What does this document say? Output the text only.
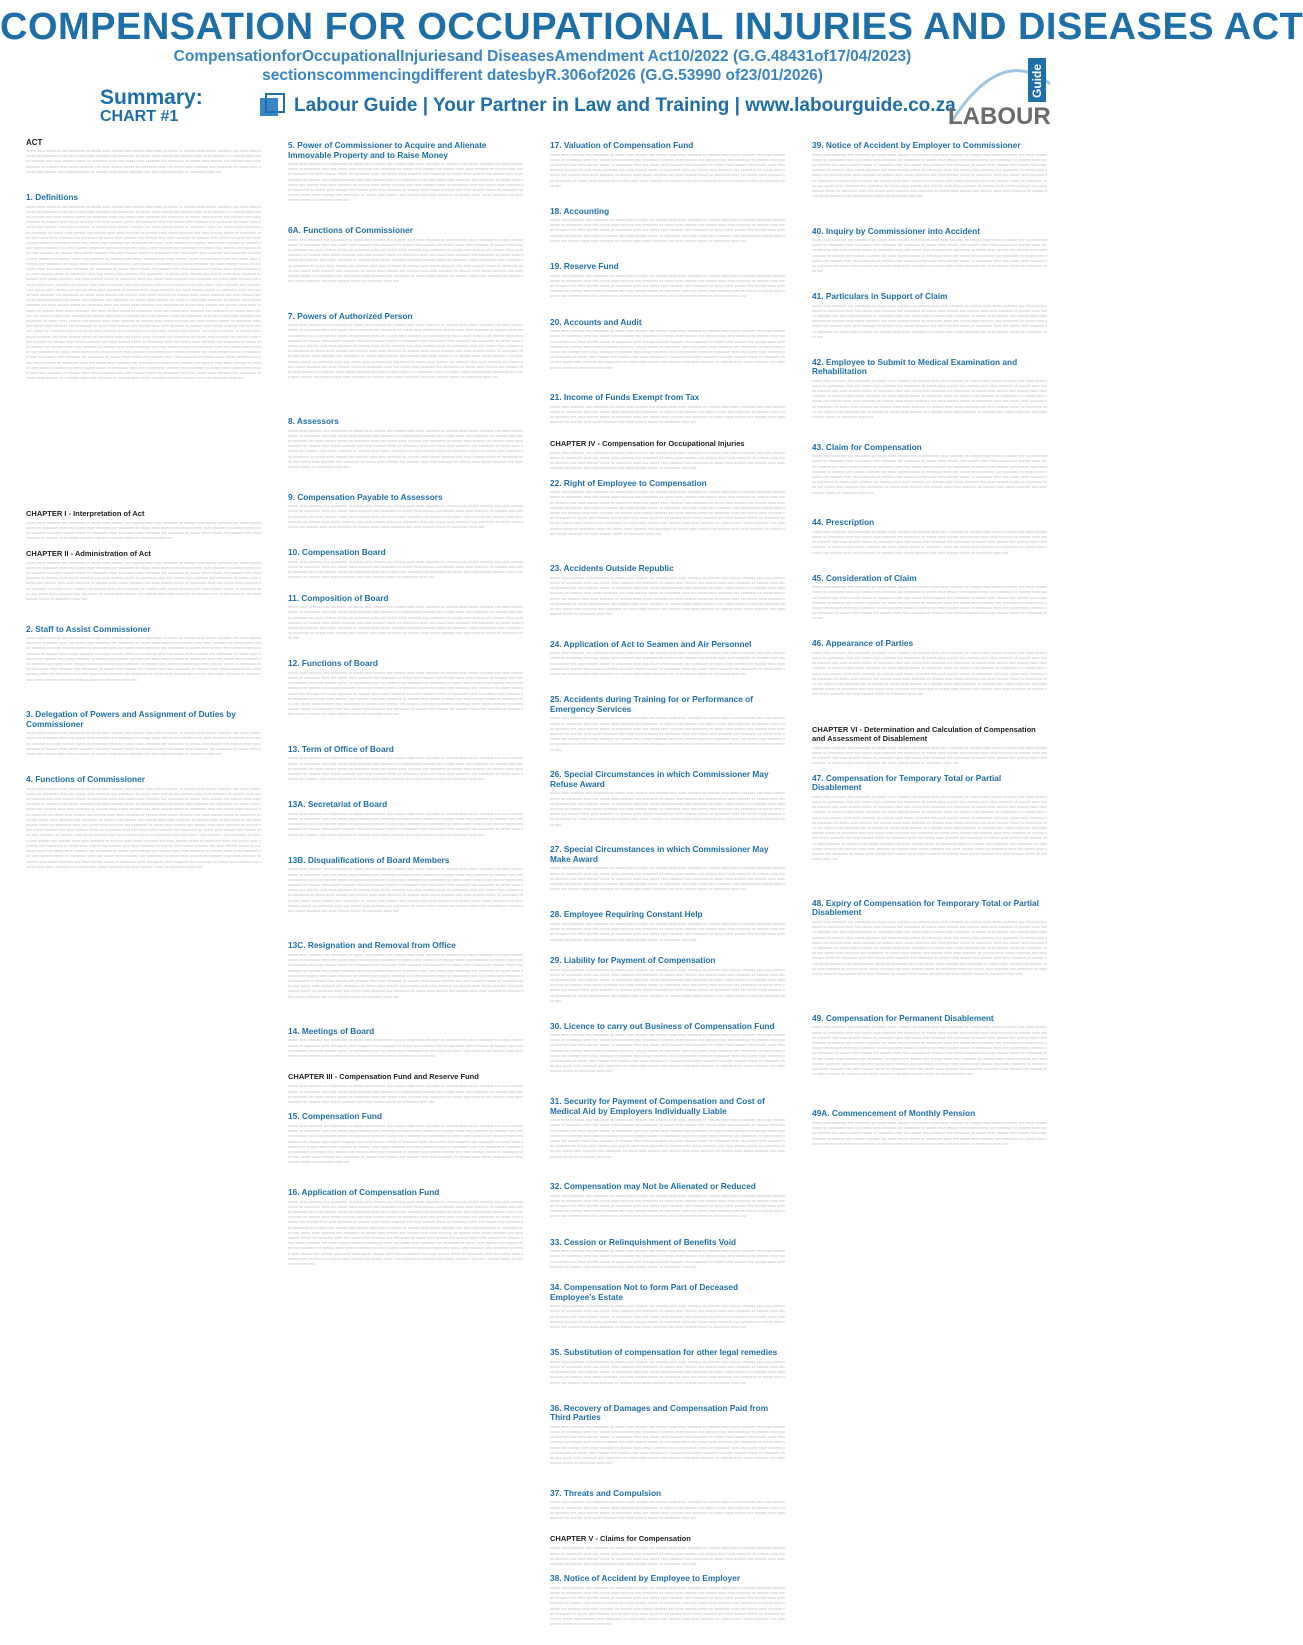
COMPENSATION FOR OCCUPATIONAL INJURIES AND DISEASES ACT
CompensationforOccupationalInjuriesand DiseasesAmendment Act10/2022 (G.G.48431of17/04/2023)
sectionscommencingdifferent datesbyR.306of2026 (G.G.53990 of23/01/2026)
Summary:
CHART #1
Labour Guide | Your Partner in Law and Training | www.labourguide.co.za
Guide
LABOUR
ACT
xxxxx xxxx xxxxxxx xxx xxxxxxxx xx xxxxx xxxx xxxxxx xxx xxxxxx xxxx xxxx xxxxxxx xx xxxxxx xxxx xxxxx xxxxxxx xxx xxxx xxxxxx xxxxx xx xxxxxxxx xxxx xxx xxxxx xxxx xxxxxxx xxx xxxxxxxx xx xxxxx xxxx xxxxxx xxx xxxxxx xxxx xxxx xxxxxxx xx xxxxxx xxxx xxxxx xxxxxxx xxx xxxx xxxxxx xxxxx xx xxxxxxxx xxxx xxx xxxxx xxxx xxxxxxx xxx xxxxxxxx xx xxxxx xxxx xxxxxx xxx xxxxxx xxxx xxxx xxxxxxx xx xxxxxx xxxx xxxxx xxxxxxx xxx xxxx xxxxxx xxxxx xx xxxxxxxx xxxx xxx xxxxx xxxx xxxxxxx xxx xxxxxxxx xx xxxxx xxxx xxxxxx xxx xxxxxx xxxx xxxx xxxxxxx xx xxxxxx xxxx xxxxx xxxxxxx xxx xxxx xxxxxx xxxxx xx xxxxxxxx xxxx xxx
1. Definitions
xxxxx xxxx xxxxxxx xxx xxxxxxxx xx xxxxx xxxx xxxxxx xxx xxxxxx xxxx xxxx xxxxxxx xx xxxxxx xxxx xxxxx xxxxxxx xxx xxxx xxxxxx xxxxx xx xxxxxxxx xxxx xxx xxxxx xxxx xxxxxxx xxx xxxxxxxx xx xxxxx xxxx xxxxxx xxx xxxxxx xxxx xxxx xxxxxxx xx xxxxxx xxxx xxxxx xxxxxxx xxx xxxx xxxxxx xxxxx xx xxxxxxxx xxxx xxx xxxxx xxxx xxxxxxx xxx xxxxxxxx xx xxxxx xxxx xxxxxx xxx xxxxxx xxxx xxxx xxxxxxx xx xxxxxx xxxx xxxxx xxxxxxx xxx xxxx xxxxxx xxxxx xx xxxxxxxx xxxx xxx xxxxx xxxx xxxxxxx xxx xxxxxxxx xx xxxxx xxxx xxxxxx xxx xxxxxx xxxx xxxx xxxxxxx xx xxxxxx xxxx xxxxx xxxxxxx xxx xxxx xxxxxx xxxxx xx xxxxxxxx xxxx xxx xxxxx xxxx xxxxxxx xxx xxxxxxxx xx xxxxx xxxx xxxxxx xxx xxxxxx xxxx xxxx xxxxxxx xx xxxxxx xxxx xxxxx xxxxxxx xxx xxxx xxxxxx xxxxx xx xxxxxxxx xxxx xxx xxxxx xxxx xxxxxxx xxx xxxxxxxx xx xxxxx xxxx xxxxxx xxx xxxxxx xxxx xxxx xxxxxxx xx xxxxxx xxxx xxxxx xxxxxxx xxx xxxx xxxxxx xxxxx xx xxxxxxxx xxxx xxx xxxxx xxxx xxxxxxx xxx xxxxxxxx xx xxxxx xxxx xxxxxx xxx xxxxxx xxxx xxxx xxxxxxx xx xxxxxx xxxx xxxxx xxxxxxx xxx xxxx xxxxxx xxxxx xx xxxxxxxx xxxx xxx xxxxx xxxx xxxxxxx xxx xxxxxxxx xx xxxxx xxxx xxxxxx xxx xxxxxx xxxx xxxx xxxxxxx xx xxxxxx xxxx xxxxx xxxxxxx xxx xxxx xxxxxx xxxxx xx xxxxxxxx xxxx xxx xxxxx xxxx xxxxxxx xxx xxxxxxxx xx xxxxx xxxx xxxxxx xxx xxxxxx xxxx xxxx xxxxxxx xx xxxxxx xxxx xxxxx xxxxxxx xxx xxxx xxxxxx xxxxx xx xxxxxxxx xxxx xxx xxxxx xxxx xxxxxxx xxx xxxxxxxx xx xxxxx xxxx xxxxxx xxx xxxxxx xxxx xxxx xxxxxxx xx xxxxxx xxxx xxxxx xxxxxxx xxx xxxx xxxxxx xxxxx xx xxxxxxxx xxxx xxx xxxxx xxxx xxxxxxx xxx xxxxxxxx xx xxxxx xxxx xxxxxx xxx xxxxxx xxxx xxxx xxxxxxx xx xxxxxx xxxx xxxxx xxxxxxx xxx xxxx xxxxxx xxxxx xx xxxxxxxx xxxx xxx xxxxx xxxx xxxxxxx xxx xxxxxxxx xx xxxxx xxxx xxxxxx xxx xxxxxx xxxx xxxx xxxxxxx xx xxxxxx xxxx xxxxx xxxxxxx xxx xxxx xxxxxx xxxxx xx xxxxxxxx xxxx xxx xxxxx xxxx xxxxxxx xxx xxxxxxxx xx xxxxx xxxx xxxxxx xxx xxxxxx xxxx xxxx xxxxxxx xx xxxxxx xxxx xxxxx xxxxxxx xxx xxxx xxxxxx xxxxx xx xxxxxxxx xxxx xxx xxxxx xxxx xxxxxxx xxx xxxxxxxx xx xxxxx xxxx xxxxxx xxx xxxxxx xxxx xxxx xxxxxxx xx xxxxxx xxxx xxxxx xxxxxxx xxx xxxx xxxxxx xxxxx xx xxxxxxxx xxxx xxx xxxxx xxxx xxxxxxx xxx xxxxxxxx xx xxxxx xxxx xxxxxx xxx xxxxxx xxxx xxxx xxxxxxx xx xxxxxx xxxx xxxxx xxxxxxx xxx xxxx xxxxxx xxxxx xx xxxxxxxx xxxx xxx xxxxx xxxx xxxxxxx xxx xxxxxxxx xx xxxxx xxxx xxxxxx xxx xxxxxx xxxx xxxx xxxxxxx xx xxxxxx xxxx xxxxx xxxxxxx xxx xxxx xxxxxx xxxxx xx xxxxxxxx xxxx xxx xxxxx xxxx xxxxxxx xxx xxxxxxxx xx xxxxx xxxx xxxxxx xxx xxxxxx xxxx xxxx xxxxxxx xx xxxxxx xxxx xxxxx xxxxxxx xxx xxxx xxxxxx xxxxx xx xxxxxxxx xxxx xxx xxxxx xxxx xxxxxxx xxx xxxxxxxx xx xxxxx xxxx xxxxxx xxx xxxxxx xxxx xxxx xxxxxxx xx xxxxxx xxxx xxxxx xxxxxxx xxx xxxx xxxxxx xxxxx xx xxxxxxxx xxxx xxx xxxxx xxxx xxxxxxx xxx xxxxxxxx xx xxxxx xxxx xxxxxx xxx xxxxxx xxxx xxxx xxxxxxx xx xxxxxx xxxx xxxxx xxxxxxx xxx xxxx xxxxxx xxxxx xx xxxxxxxx xxxx xxx xxxxx xxxx xxxxxxx xxx xxxxxxxx xx xxxxx xxxx xxxxxx xxx xxxxxx xxxx xxxx xxxxxxx xx xxxxxx xxxx xxxxx xxxxxxx xxx xxxx xxxxxx xxxxx xx xxxxxxxx xxxx xxx xxxxx xxxx xxxxxxx xxx xxxxxxxx xx xxxxx xxxx xxxxxx xxx xxxxxx xxxx xxxx xxxxxxx xx xxxxxx xxxx xxxxx xxxxxxx xxx xxxx xxxxxx xxxxx xx xxxxxxxx xxxx xxx xxxxx xxxx xxxxxxx xxx xxxxxxxx xx xxxxx xxxx xxxxxx xxx xxxxxx xxxx xxxx xxxxxxx xx xxxxxx xxxx xxxxx xxxxxxx xxx xxxx xxxxxx xxxxx xx xxxxxxxx xxxx xxx xxxxx xxxx xxxxxxx xxx xxxxxxxx xx xxxxx xxxx xxxxxx xxx xxxxxx xxxx xxxx xxxxxxx xx xxxxxx xxxx xxxxx xxxxxxx xxx xxxx xxxxxx xxxxx xx xxxxxxxx xxxx xxx xxxxx xxxx xxxxxxx xxx xxxxxxxx xx xxxxx xxxx xxxxxx xxx xxxxxx xxxx xxxx xxxxxxx xx xxxxxx xxxx xxxxx xxxxxxx xxx xxxx xxxxxx xxxxx xx xxxxxxxx xxxx xxx xxxxx xxxx xxxxxxx xxx xxxxxxxx xx xxxxx xxxx xxxxxx xxx xxxxxx xxxx xxxx xxxxxxx xx xxxxxx xxxx xxxxx xxxxxxx xxx xxxx xxxxxx xxxxx xx xxxxxxxx xxxx xxx xxxxx xxxx xxxxxxx xxx xxxxxxxx xx xxxxx xxxx xxxxxx xxx xxxxxx xxxx xxxx xxxxxxx xx xxxxxx xxxx xxxxx xxxxxxx xxx xxxx xxxxxx xxxxx xx xxxxxxxx xxxx xxx xxxxx xxxx xxxxxxx xxx xxxxxxxx xx xxxxx xxxx xxxxxx xxx xxxxxx xxxx xxxx xxxxxxx xx xxxxxx xxxx xxxxx xxxxxxx xxx xxxx xxxxxx xxxxx xx xxxxxxxx xxxx xxx xxxxx xxxx xxxxxxx xxx xxxxxxxx xx xxxxx xxxx xxxxxx xxx xxxxxx xxxx xxxx xxxxxxx xx xxxxxx xxxx xxxxx xxxxxxx xxx xxxx xxxxxx xxxxx xx xxxxxxxx xxxx xxx
CHAPTER I - Interpretation of Act
xxxxx xxxx xxxxxxx xxx xxxxxxxx xx xxxxx xxxx xxxxxx xxx xxxxxx xxxx xxxx xxxxxxx xx xxxxxx xxxx xxxxx xxxxxxx xxx xxxx xxxxxx xxxxx xx xxxxxxxx xxxx xxx xxxxx xxxx xxxxxxx xxx xxxxxxxx xx xxxxx xxxx xxxxxx xxx xxxxxx xxxx xxxx xxxxxxx xx xxxxxx xxxx xxxxx xxxxxxx xxx xxxx xxxxxx xxxxx xx xxxxxxxx xxxx xxx xxxxx xxxx xxxxxxx xxx xxxxxxxx xx xxxxx xxxx xxxxxx xxx xxxxxx xxxx xxxx xxxxxxx xx xxxxxx xxxx xxxxx xxxxxxx xxx xxxx xxxxxx xxxxx xx xxxxxxxx xxxx xxx
CHAPTER II - Administration of Act
xxxxx xxxx xxxxxxx xxx xxxxxxxx xx xxxxx xxxx xxxxxx xxx xxxxxx xxxx xxxx xxxxxxx xx xxxxxx xxxx xxxxx xxxxxxx xxx xxxx xxxxxx xxxxx xx xxxxxxxx xxxx xxx xxxxx xxxx xxxxxxx xxx xxxxxxxx xx xxxxx xxxx xxxxxx xxx xxxxxx xxxx xxxx xxxxxxx xx xxxxxx xxxx xxxxx xxxxxxx xxx xxxx xxxxxx xxxxx xx xxxxxxxx xxxx xxx xxxxx xxxx xxxxxxx xxx xxxxxxxx xx xxxxx xxxx xxxxxx xxx xxxxxx xxxx xxxx xxxxxxx xx xxxxxx xxxx xxxxx xxxxxxx xxx xxxx xxxxxx xxxxx xx xxxxxxxx xxxx xxx xxxxx xxxx xxxxxxx xxx xxxxxxxx xx xxxxx xxxx xxxxxx xxx xxxxxx xxxx xxxx xxxxxxx xx xxxxxx xxxx xxxxx xxxxxxx xxx xxxx xxxxxx xxxxx xx xxxxxxxx xxxx xxx xxxxx xxxx xxxxxxx xxx xxxxxxxx xx xxxxx xxxx xxxxxx xxx xxxxxx xxxx xxxx xxxxxxx xx xxxxxx xxxx xxxxx xxxxxxx xxx xxxx xxxxxx xxxxx xx xxxxxxxx xxxx xxx xxxxx xxxx xxxxxxx xxx xxxxxxxx xx xxxxx xxxx xxxxxx xxx xxxxxx xxxx xxxx xxxxxxx xx xxxxxx xxxx xxxxx xxxxxxx xxx xxxx xxxxxx xxxxx xx xxxxxxxx xxxx xxx
2. Staff to Assist Commissioner
xxxxx xxxx xxxxxxx xxx xxxxxxxx xx xxxxx xxxx xxxxxx xxx xxxxxx xxxx xxxx xxxxxxx xx xxxxxx xxxx xxxxx xxxxxxx xxx xxxx xxxxxx xxxxx xx xxxxxxxx xxxx xxx xxxxx xxxx xxxxxxx xxx xxxxxxxx xx xxxxx xxxx xxxxxx xxx xxxxxx xxxx xxxx xxxxxxx xx xxxxxx xxxx xxxxx xxxxxxx xxx xxxx xxxxxx xxxxx xx xxxxxxxx xxxx xxx xxxxx xxxx xxxxxxx xxx xxxxxxxx xx xxxxx xxxx xxxxxx xxx xxxxxx xxxx xxxx xxxxxxx xx xxxxxx xxxx xxxxx xxxxxxx xxx xxxx xxxxxx xxxxx xx xxxxxxxx xxxx xxx xxxxx xxxx xxxxxxx xxx xxxxxxxx xx xxxxx xxxx xxxxxx xxx xxxxxx xxxx xxxx xxxxxxx xx xxxxxx xxxx xxxxx xxxxxxx xxx xxxx xxxxxx xxxxx xx xxxxxxxx xxxx xxx xxxxx xxxx xxxxxxx xxx xxxxxxxx xx xxxxx xxxx xxxxxx xxx xxxxxx xxxx xxxx xxxxxxx xx xxxxxx xxxx xxxxx xxxxxxx xxx xxxx xxxxxx xxxxx xx xxxxxxxx xxxx xxx xxxxx xxxx xxxxxxx xxx xxxxxxxx xx xxxxx xxxx xxxxxx xxx xxxxxx xxxx xxxx xxxxxxx xx xxxxxx xxxx xxxxx xxxxxxx xxx xxxx xxxxxx xxxxx xx xxxxxxxx xxxx xxx xxxxx xxxx xxxxxxx xxx xxxxxxxx xx xxxxx xxxx xxxxxx xxx xxxxxx xxxx xxxx xxxxxxx xx xxxxxx xxxx xxxxx xxxxxxx xxx xxxx xxxxxx xxxxx xx xxxxxxxx xxxx xxx
3. Delegation of Powers and Assignment of Duties by Commissioner
xxxxx xxxx xxxxxxx xxx xxxxxxxx xx xxxxx xxxx xxxxxx xxx xxxxxx xxxx xxxx xxxxxxx xx xxxxxx xxxx xxxxx xxxxxxx xxx xxxx xxxxxx xxxxx xx xxxxxxxx xxxx xxx xxxxx xxxx xxxxxxx xxx xxxxxxxx xx xxxxx xxxx xxxxxx xxx xxxxxx xxxx xxxx xxxxxxx xx xxxxxx xxxx xxxxx xxxxxxx xxx xxxx xxxxxx xxxxx xx xxxxxxxx xxxx xxx xxxxx xxxx xxxxxxx xxx xxxxxxxx xx xxxxx xxxx xxxxxx xxx xxxxxx xxxx xxxx xxxxxxx xx xxxxxx xxxx xxxxx xxxxxxx xxx xxxx xxxxxx xxxxx xx xxxxxxxx xxxx xxx xxxxx xxxx xxxxxxx xxx xxxxxxxx xx xxxxx xxxx xxxxxx xxx xxxxxx xxxx xxxx xxxxxxx xx xxxxxx xxxx xxxxx xxxxxxx xxx xxxx xxxxxx xxxxx xx xxxxxxxx xxxx xxx
4. Functions of Commissioner
xxxxx xxxx xxxxxxx xxx xxxxxxxx xx xxxxx xxxx xxxxxx xxx xxxxxx xxxx xxxx xxxxxxx xx xxxxxx xxxx xxxxx xxxxxxx xxx xxxx xxxxxx xxxxx xx xxxxxxxx xxxx xxx xxxxx xxxx xxxxxxx xxx xxxxxxxx xx xxxxx xxxx xxxxxx xxx xxxxxx xxxx xxxx xxxxxxx xx xxxxxx xxxx xxxxx xxxxxxx xxx xxxx xxxxxx xxxxx xx xxxxxxxx xxxx xxx xxxxx xxxx xxxxxxx xxx xxxxxxxx xx xxxxx xxxx xxxxxx xxx xxxxxx xxxx xxxx xxxxxxx xx xxxxxx xxxx xxxxx xxxxxxx xxx xxxx xxxxxx xxxxx xx xxxxxxxx xxxx xxx xxxxx xxxx xxxxxxx xxx xxxxxxxx xx xxxxx xxxx xxxxxx xxx xxxxxx xxxx xxxx xxxxxxx xx xxxxxx xxxx xxxxx xxxxxxx xxx xxxx xxxxxx xxxxx xx xxxxxxxx xxxx xxx xxxxx xxxx xxxxxxx xxx xxxxxxxx xx xxxxx xxxx xxxxxx xxx xxxxxx xxxx xxxx xxxxxxx xx xxxxxx xxxx xxxxx xxxxxxx xxx xxxx xxxxxx xxxxx xx xxxxxxxx xxxx xxx xxxxx xxxx xxxxxxx xxx xxxxxxxx xx xxxxx xxxx xxxxxx xxx xxxxxx xxxx xxxx xxxxxxx xx xxxxxx xxxx xxxxx xxxxxxx xxx xxxx xxxxxx xxxxx xx xxxxxxxx xxxx xxx xxxxx xxxx xxxxxxx xxx xxxxxxxx xx xxxxx xxxx xxxxxx xxx xxxxxx xxxx xxxx xxxxxxx xx xxxxxx xxxx xxxxx xxxxxxx xxx xxxx xxxxxx xxxxx xx xxxxxxxx xxxx xxx xxxxx xxxx xxxxxxx xxx xxxxxxxx xx xxxxx xxxx xxxxxx xxx xxxxxx xxxx xxxx xxxxxxx xx xxxxxx xxxx xxxxx xxxxxxx xxx xxxx xxxxxx xxxxx xx xxxxxxxx xxxx xxx xxxxx xxxx xxxxxxx xxx xxxxxxxx xx xxxxx xxxx xxxxxx xxx xxxxxx xxxx xxxx xxxxxxx xx xxxxxx xxxx xxxxx xxxxxxx xxx xxxx xxxxxx xxxxx xx xxxxxxxx xxxx xxx xxxxx xxxx xxxxxxx xxx xxxxxxxx xx xxxxx xxxx xxxxxx xxx xxxxxx xxxx xxxx xxxxxxx xx xxxxxx xxxx xxxxx xxxxxxx xxx xxxx xxxxxx xxxxx xx xxxxxxxx xxxx xxx xxxxx xxxx xxxxxxx xxx xxxxxxxx xx xxxxx xxxx xxxxxx xxx xxxxxx xxxx xxxx xxxxxxx xx xxxxxx xxxx xxxxx xxxxxxx xxx xxxx xxxxxx xxxxx xx xxxxxxxx xxxx xxx xxxxx xxxx xxxxxxx xxx xxxxxxxx xx xxxxx xxxx xxxxxx xxx xxxxxx xxxx xxxx xxxxxxx xx xxxxxx xxxx xxxxx xxxxxxx xxx xxxx xxxxxx xxxxx xx xxxxxxxx xxxx xxx xxxxx xxxx xxxxxxx xxx xxxxxxxx xx xxxxx xxxx xxxxxx xxx xxxxxx xxxx xxxx xxxxxxx xx xxxxxx xxxx xxxxx xxxxxxx xxx xxxx xxxxxx xxxxx xx xxxxxxxx xxxx xxx
5. Power of Commissioner to Acquire and Alienate Immovable Property and to Raise Money
xxxxx xxxx xxxxxxx xxx xxxxxxxx xx xxxxx xxxx xxxxxx xxx xxxxxx xxxx xxxx xxxxxxx xx xxxxxx xxxx xxxxx xxxxxxx xxx xxxx xxxxxx xxxxx xx xxxxxxxx xxxx xxx xxxxx xxxx xxxxxxx xxx xxxxxxxx xx xxxxx xxxx xxxxxx xxx xxxxxx xxxx xxxx xxxxxxx xx xxxxxx xxxx xxxxx xxxxxxx xxx xxxx xxxxxx xxxxx xx xxxxxxxx xxxx xxx xxxxx xxxx xxxxxxx xxx xxxxxxxx xx xxxxx xxxx xxxxxx xxx xxxxxx xxxx xxxx xxxxxxx xx xxxxxx xxxx xxxxx xxxxxxx xxx xxxx xxxxxx xxxxx xx xxxxxxxx xxxx xxx xxxxx xxxx xxxxxxx xxx xxxxxxxx xx xxxxx xxxx xxxxxx xxx xxxxxx xxxx xxxx xxxxxxx xx xxxxxx xxxx xxxxx xxxxxxx xxx xxxx xxxxxx xxxxx xx xxxxxxxx xxxx xxx xxxxx xxxx xxxxxxx xxx xxxxxxxx xx xxxxx xxxx xxxxxx xxx xxxxxx xxxx xxxx xxxxxxx xx xxxxxx xxxx xxxxx xxxxxxx xxx xxxx xxxxxx xxxxx xx xxxxxxxx xxxx xxx xxxxx xxxx xxxxxxx xxx xxxxxxxx xx xxxxx xxxx xxxxxx xxx xxxxxx xxxx xxxx xxxxxxx xx xxxxxx xxxx xxxxx xxxxxxx xxx xxxx xxxxxx xxxxx xx xxxxxxxx xxxx xxx
6A. Functions of Commissioner
xxxxx xxxx xxxxxxx xxx xxxxxxxx xx xxxxx xxxx xxxxxx xxx xxxxxx xxxx xxxx xxxxxxx xx xxxxxx xxxx xxxxx xxxxxxx xxx xxxx xxxxxx xxxxx xx xxxxxxxx xxxx xxx xxxxx xxxx xxxxxxx xxx xxxxxxxx xx xxxxx xxxx xxxxxx xxx xxxxxx xxxx xxxx xxxxxxx xx xxxxxx xxxx xxxxx xxxxxxx xxx xxxx xxxxxx xxxxx xx xxxxxxxx xxxx xxx xxxxx xxxx xxxxxxx xxx xxxxxxxx xx xxxxx xxxx xxxxxx xxx xxxxxx xxxx xxxx xxxxxxx xx xxxxxx xxxx xxxxx xxxxxxx xxx xxxx xxxxxx xxxxx xx xxxxxxxx xxxx xxx xxxxx xxxx xxxxxxx xxx xxxxxxxx xx xxxxx xxxx xxxxxx xxx xxxxxx xxxx xxxx xxxxxxx xx xxxxxx xxxx xxxxx xxxxxxx xxx xxxx xxxxxx xxxxx xx xxxxxxxx xxxx xxx xxxxx xxxx xxxxxxx xxx xxxxxxxx xx xxxxx xxxx xxxxxx xxx xxxxxx xxxx xxxx xxxxxxx xx xxxxxx xxxx xxxxx xxxxxxx xxx xxxx xxxxxx xxxxx xx xxxxxxxx xxxx xxx xxxxx xxxx xxxxxxx xxx xxxxxxxx xx xxxxx xxxx xxxxxx xxx xxxxxx xxxx xxxx xxxxxxx xx xxxxxx xxxx xxxxx xxxxxxx xxx xxxx xxxxxx xxxxx xx xxxxxxxx xxxx xxx xxxxx xxxx xxxxxxx xxx xxxxxxxx xx xxxxx xxxx xxxxxx xxx xxxxxx xxxx xxxx xxxxxxx xx xxxxxx xxxx xxxxx xxxxxxx xxx xxxx xxxxxx xxxxx xx xxxxxxxx xxxx xxx
7. Powers of Authorized Person
xxxxx xxxx xxxxxxx xxx xxxxxxxx xx xxxxx xxxx xxxxxx xxx xxxxxx xxxx xxxx xxxxxxx xx xxxxxx xxxx xxxxx xxxxxxx xxx xxxx xxxxxx xxxxx xx xxxxxxxx xxxx xxx xxxxx xxxx xxxxxxx xxx xxxxxxxx xx xxxxx xxxx xxxxxx xxx xxxxxx xxxx xxxx xxxxxxx xx xxxxxx xxxx xxxxx xxxxxxx xxx xxxx xxxxxx xxxxx xx xxxxxxxx xxxx xxx xxxxx xxxx xxxxxxx xxx xxxxxxxx xx xxxxx xxxx xxxxxx xxx xxxxxx xxxx xxxx xxxxxxx xx xxxxxx xxxx xxxxx xxxxxxx xxx xxxx xxxxxx xxxxx xx xxxxxxxx xxxx xxx xxxxx xxxx xxxxxxx xxx xxxxxxxx xx xxxxx xxxx xxxxxx xxx xxxxxx xxxx xxxx xxxxxxx xx xxxxxx xxxx xxxxx xxxxxxx xxx xxxx xxxxxx xxxxx xx xxxxxxxx xxxx xxx xxxxx xxxx xxxxxxx xxx xxxxxxxx xx xxxxx xxxx xxxxxx xxx xxxxxx xxxx xxxx xxxxxxx xx xxxxxx xxxx xxxxx xxxxxxx xxx xxxx xxxxxx xxxxx xx xxxxxxxx xxxx xxx xxxxx xxxx xxxxxxx xxx xxxxxxxx xx xxxxx xxxx xxxxxx xxx xxxxxx xxxx xxxx xxxxxxx xx xxxxxx xxxx xxxxx xxxxxxx xxx xxxx xxxxxx xxxxx xx xxxxxxxx xxxx xxx xxxxx xxxx xxxxxxx xxx xxxxxxxx xx xxxxx xxxx xxxxxx xxx xxxxxx xxxx xxxx xxxxxxx xx xxxxxx xxxx xxxxx xxxxxxx xxx xxxx xxxxxx xxxxx xx xxxxxxxx xxxx xxx xxxxx xxxx xxxxxxx xxx xxxxxxxx xx xxxxx xxxx xxxxxx xxx xxxxxx xxxx xxxx xxxxxxx xx xxxxxx xxxx xxxxx xxxxxxx xxx xxxx xxxxxx xxxxx xx xxxxxxxx xxxx xxx xxxxx xxxx xxxxxxx xxx xxxxxxxx xx xxxxx xxxx xxxxxx xxx xxxxxx xxxx xxxx xxxxxxx xx xxxxxx xxxx xxxxx xxxxxxx xxx xxxx xxxxxx xxxxx xx xxxxxxxx xxxx xxx
8. Assessors
xxxxx xxxx xxxxxxx xxx xxxxxxxx xx xxxxx xxxx xxxxxx xxx xxxxxx xxxx xxxx xxxxxxx xx xxxxxx xxxx xxxxx xxxxxxx xxx xxxx xxxxxx xxxxx xx xxxxxxxx xxxx xxx xxxxx xxxx xxxxxxx xxx xxxxxxxx xx xxxxx xxxx xxxxxx xxx xxxxxx xxxx xxxx xxxxxxx xx xxxxxx xxxx xxxxx xxxxxxx xxx xxxx xxxxxx xxxxx xx xxxxxxxx xxxx xxx xxxxx xxxx xxxxxxx xxx xxxxxxxx xx xxxxx xxxx xxxxxx xxx xxxxxx xxxx xxxx xxxxxxx xx xxxxxx xxxx xxxxx xxxxxxx xxx xxxx xxxxxx xxxxx xx xxxxxxxx xxxx xxx xxxxx xxxx xxxxxxx xxx xxxxxxxx xx xxxxx xxxx xxxxxx xxx xxxxxx xxxx xxxx xxxxxxx xx xxxxxx xxxx xxxxx xxxxxxx xxx xxxx xxxxxx xxxxx xx xxxxxxxx xxxx xxx xxxxx xxxx xxxxxxx xxx xxxxxxxx xx xxxxx xxxx xxxxxx xxx xxxxxx xxxx xxxx xxxxxxx xx xxxxxx xxxx xxxxx xxxxxxx xxx xxxx xxxxxx xxxxx xx xxxxxxxx xxxx xxx xxxxx xxxx xxxxxxx xxx xxxxxxxx xx xxxxx xxxx xxxxxx xxx xxxxxx xxxx xxxx xxxxxxx xx xxxxxx xxxx xxxxx xxxxxxx xxx xxxx xxxxxx xxxxx xx xxxxxxxx xxxx xxx
9. Compensation Payable to Assessors
xxxxx xxxx xxxxxxx xxx xxxxxxxx xx xxxxx xxxx xxxxxx xxx xxxxxx xxxx xxxx xxxxxxx xx xxxxxx xxxx xxxxx xxxxxxx xxx xxxx xxxxxx xxxxx xx xxxxxxxx xxxx xxx xxxxx xxxx xxxxxxx xxx xxxxxxxx xx xxxxx xxxx xxxxxx xxx xxxxxx xxxx xxxx xxxxxxx xx xxxxxx xxxx xxxxx xxxxxxx xxx xxxx xxxxxx xxxxx xx xxxxxxxx xxxx xxx xxxxx xxxx xxxxxxx xxx xxxxxxxx xx xxxxx xxxx xxxxxx xxx xxxxxx xxxx xxxx xxxxxxx xx xxxxxx xxxx xxxxx xxxxxxx xxx xxxx xxxxxx xxxxx xx xxxxxxxx xxxx xxx xxxxx xxxx xxxxxxx xxx xxxxxxxx xx xxxxx xxxx xxxxxx xxx xxxxxx xxxx xxxx xxxxxxx xx xxxxxx xxxx xxxxx xxxxxxx xxx xxxx xxxxxx xxxxx xx xxxxxxxx xxxx xxx
10. Compensation Board
xxxxx xxxx xxxxxxx xxx xxxxxxxx xx xxxxx xxxx xxxxxx xxx xxxxxx xxxx xxxx xxxxxxx xx xxxxxx xxxx xxxxx xxxxxxx xxx xxxx xxxxxx xxxxx xx xxxxxxxx xxxx xxx xxxxx xxxx xxxxxxx xxx xxxxxxxx xx xxxxx xxxx xxxxxx xxx xxxxxx xxxx xxxx xxxxxxx xx xxxxxx xxxx xxxxx xxxxxxx xxx xxxx xxxxxx xxxxx xx xxxxxxxx xxxx xxx xxxxx xxxx xxxxxxx xxx xxxxxxxx xx xxxxx xxxx xxxxxx xxx xxxxxx xxxx xxxx xxxxxxx xx xxxxxx xxxx xxxxx xxxxxxx xxx xxxx xxxxxx xxxxx xx xxxxxxxx xxxx xxx
11. Composition of Board
xxxxx xxxx xxxxxxx xxx xxxxxxxx xx xxxxx xxxx xxxxxx xxx xxxxxx xxxx xxxx xxxxxxx xx xxxxxx xxxx xxxxx xxxxxxx xxx xxxx xxxxxx xxxxx xx xxxxxxxx xxxx xxx xxxxx xxxx xxxxxxx xxx xxxxxxxx xx xxxxx xxxx xxxxxx xxx xxxxxx xxxx xxxx xxxxxxx xx xxxxxx xxxx xxxxx xxxxxxx xxx xxxx xxxxxx xxxxx xx xxxxxxxx xxxx xxx xxxxx xxxx xxxxxxx xxx xxxxxxxx xx xxxxx xxxx xxxxxx xxx xxxxxx xxxx xxxx xxxxxxx xx xxxxxx xxxx xxxxx xxxxxxx xxx xxxx xxxxxx xxxxx xx xxxxxxxx xxxx xxx xxxxx xxxx xxxxxxx xxx xxxxxxxx xx xxxxx xxxx xxxxxx xxx xxxxxx xxxx xxxx xxxxxxx xx xxxxxx xxxx xxxxx xxxxxxx xxx xxxx xxxxxx xxxxx xx xxxxxxxx xxxx xxx xxxxx xxxx xxxxxxx xxx xxxxxxxx xx xxxxx xxxx xxxxxx xxx xxxxxx xxxx xxxx xxxxxxx xx xxxxxx xxxx xxxxx xxxxxxx xxx xxxx xxxxxx xxxxx xx xxxxxxxx xxxx xxx
12. Functions of Board
xxxxx xxxx xxxxxxx xxx xxxxxxxx xx xxxxx xxxx xxxxxx xxx xxxxxx xxxx xxxx xxxxxxx xx xxxxxx xxxx xxxxx xxxxxxx xxx xxxx xxxxxx xxxxx xx xxxxxxxx xxxx xxx xxxxx xxxx xxxxxxx xxx xxxxxxxx xx xxxxx xxxx xxxxxx xxx xxxxxx xxxx xxxx xxxxxxx xx xxxxxx xxxx xxxxx xxxxxxx xxx xxxx xxxxxx xxxxx xx xxxxxxxx xxxx xxx xxxxx xxxx xxxxxxx xxx xxxxxxxx xx xxxxx xxxx xxxxxx xxx xxxxxx xxxx xxxx xxxxxxx xx xxxxxx xxxx xxxxx xxxxxxx xxx xxxx xxxxxx xxxxx xx xxxxxxxx xxxx xxx xxxxx xxxx xxxxxxx xxx xxxxxxxx xx xxxxx xxxx xxxxxx xxx xxxxxx xxxx xxxx xxxxxxx xx xxxxxx xxxx xxxxx xxxxxxx xxx xxxx xxxxxx xxxxx xx xxxxxxxx xxxx xxx xxxxx xxxx xxxxxxx xxx xxxxxxxx xx xxxxx xxxx xxxxxx xxx xxxxxx xxxx xxxx xxxxxxx xx xxxxxx xxxx xxxxx xxxxxxx xxx xxxx xxxxxx xxxxx xx xxxxxxxx xxxx xxx xxxxx xxxx xxxxxxx xxx xxxxxxxx xx xxxxx xxxx xxxxxx xxx xxxxxx xxxx xxxx xxxxxxx xx xxxxxx xxxx xxxxx xxxxxxx xxx xxxx xxxxxx xxxxx xx xxxxxxxx xxxx xxx xxxxx xxxx xxxxxxx xxx xxxxxxxx xx xxxxx xxxx xxxxxx xxx xxxxxx xxxx xxxx xxxxxxx xx xxxxxx xxxx xxxxx xxxxxxx xxx xxxx xxxxxx xxxxx xx xxxxxxxx xxxx xxx
13. Term of Office of Board
xxxxx xxxx xxxxxxx xxx xxxxxxxx xx xxxxx xxxx xxxxxx xxx xxxxxx xxxx xxxx xxxxxxx xx xxxxxx xxxx xxxxx xxxxxxx xxx xxxx xxxxxx xxxxx xx xxxxxxxx xxxx xxx xxxxx xxxx xxxxxxx xxx xxxxxxxx xx xxxxx xxxx xxxxxx xxx xxxxxx xxxx xxxx xxxxxxx xx xxxxxx xxxx xxxxx xxxxxxx xxx xxxx xxxxxx xxxxx xx xxxxxxxx xxxx xxx xxxxx xxxx xxxxxxx xxx xxxxxxxx xx xxxxx xxxx xxxxxx xxx xxxxxx xxxx xxxx xxxxxxx xx xxxxxx xxxx xxxxx xxxxxxx xxx xxxx xxxxxx xxxxx xx xxxxxxxx xxxx xxx xxxxx xxxx xxxxxxx xxx xxxxxxxx xx xxxxx xxxx xxxxxx xxx xxxxxx xxxx xxxx xxxxxxx xx xxxxxx xxxx xxxxx xxxxxxx xxx xxxx xxxxxx xxxxx xx xxxxxxxx xxxx xxx
13A. Secretariat of Board
xxxxx xxxx xxxxxxx xxx xxxxxxxx xx xxxxx xxxx xxxxxx xxx xxxxxx xxxx xxxx xxxxxxx xx xxxxxx xxxx xxxxx xxxxxxx xxx xxxx xxxxxx xxxxx xx xxxxxxxx xxxx xxx xxxxx xxxx xxxxxxx xxx xxxxxxxx xx xxxxx xxxx xxxxxx xxx xxxxxx xxxx xxxx xxxxxxx xx xxxxxx xxxx xxxxx xxxxxxx xxx xxxx xxxxxx xxxxx xx xxxxxxxx xxxx xxx xxxxx xxxx xxxxxxx xxx xxxxxxxx xx xxxxx xxxx xxxxxx xxx xxxxxx xxxx xxxx xxxxxxx xx xxxxxx xxxx xxxxx xxxxxxx xxx xxxx xxxxxx xxxxx xx xxxxxxxx xxxx xxx xxxxx xxxx xxxxxxx xxx xxxxxxxx xx xxxxx xxxx xxxxxx xxx xxxxxx xxxx xxxx xxxxxxx xx xxxxxx xxxx xxxxx xxxxxxx xxx xxxx xxxxxx xxxxx xx xxxxxxxx xxxx xxx
13B. Disqualifications of Board Members
xxxxx xxxx xxxxxxx xxx xxxxxxxx xx xxxxx xxxx xxxxxx xxx xxxxxx xxxx xxxx xxxxxxx xx xxxxxx xxxx xxxxx xxxxxxx xxx xxxx xxxxxx xxxxx xx xxxxxxxx xxxx xxx xxxxx xxxx xxxxxxx xxx xxxxxxxx xx xxxxx xxxx xxxxxx xxx xxxxxx xxxx xxxx xxxxxxx xx xxxxxx xxxx xxxxx xxxxxxx xxx xxxx xxxxxx xxxxx xx xxxxxxxx xxxx xxx xxxxx xxxx xxxxxxx xxx xxxxxxxx xx xxxxx xxxx xxxxxx xxx xxxxxx xxxx xxxx xxxxxxx xx xxxxxx xxxx xxxxx xxxxxxx xxx xxxx xxxxxx xxxxx xx xxxxxxxx xxxx xxx xxxxx xxxx xxxxxxx xxx xxxxxxxx xx xxxxx xxxx xxxxxx xxx xxxxxx xxxx xxxx xxxxxxx xx xxxxxx xxxx xxxxx xxxxxxx xxx xxxx xxxxxx xxxxx xx xxxxxxxx xxxx xxx xxxxx xxxx xxxxxxx xxx xxxxxxxx xx xxxxx xxxx xxxxxx xxx xxxxxx xxxx xxxx xxxxxxx xx xxxxxx xxxx xxxxx xxxxxxx xxx xxxx xxxxxx xxxxx xx xxxxxxxx xxxx xxx xxxxx xxxx xxxxxxx xxx xxxxxxxx xx xxxxx xxxx xxxxxx xxx xxxxxx xxxx xxxx xxxxxxx xx xxxxxx xxxx xxxxx xxxxxxx xxx xxxx xxxxxx xxxxx xx xxxxxxxx xxxx xxx xxxxx xxxx xxxxxxx xxx xxxxxxxx xx xxxxx xxxx xxxxxx xxx xxxxxx xxxx xxxx xxxxxxx xx xxxxxx xxxx xxxxx xxxxxxx xxx xxxx xxxxxx xxxxx xx xxxxxxxx xxxx xxx
13C. Resignation and Removal from Office
xxxxx xxxx xxxxxxx xxx xxxxxxxx xx xxxxx xxxx xxxxxx xxx xxxxxx xxxx xxxx xxxxxxx xx xxxxxx xxxx xxxxx xxxxxxx xxx xxxx xxxxxx xxxxx xx xxxxxxxx xxxx xxx xxxxx xxxx xxxxxxx xxx xxxxxxxx xx xxxxx xxxx xxxxxx xxx xxxxxx xxxx xxxx xxxxxxx xx xxxxxx xxxx xxxxx xxxxxxx xxx xxxx xxxxxx xxxxx xx xxxxxxxx xxxx xxx xxxxx xxxx xxxxxxx xxx xxxxxxxx xx xxxxx xxxx xxxxxx xxx xxxxxx xxxx xxxx xxxxxxx xx xxxxxx xxxx xxxxx xxxxxxx xxx xxxx xxxxxx xxxxx xx xxxxxxxx xxxx xxx xxxxx xxxx xxxxxxx xxx xxxxxxxx xx xxxxx xxxx xxxxxx xxx xxxxxx xxxx xxxx xxxxxxx xx xxxxxx xxxx xxxxx xxxxxxx xxx xxxx xxxxxx xxxxx xx xxxxxxxx xxxx xxx xxxxx xxxx xxxxxxx xxx xxxxxxxx xx xxxxx xxxx xxxxxx xxx xxxxxx xxxx xxxx xxxxxxx xx xxxxxx xxxx xxxxx xxxxxxx xxx xxxx xxxxxx xxxxx xx xxxxxxxx xxxx xxx xxxxx xxxx xxxxxxx xxx xxxxxxxx xx xxxxx xxxx xxxxxx xxx xxxxxx xxxx xxxx xxxxxxx xx xxxxxx xxxx xxxxx xxxxxxx xxx xxxx xxxxxx xxxxx xx xxxxxxxx xxxx xxx xxxxx xxxx xxxxxxx xxx xxxxxxxx xx xxxxx xxxx xxxxxx xxx xxxxxx xxxx xxxx xxxxxxx xx xxxxxx xxxx xxxxx xxxxxxx xxx xxxx xxxxxx xxxxx xx xxxxxxxx xxxx xxx
14. Meetings of Board
xxxxx xxxx xxxxxxx xxx xxxxxxxx xx xxxxx xxxx xxxxxx xxx xxxxxx xxxx xxxx xxxxxxx xx xxxxxx xxxx xxxxx xxxxxxx xxx xxxx xxxxxx xxxxx xx xxxxxxxx xxxx xxx xxxxx xxxx xxxxxxx xxx xxxxxxxx xx xxxxx xxxx xxxxxx xxx xxxxxx xxxx xxxx xxxxxxx xx xxxxxx xxxx xxxxx xxxxxxx xxx xxxx xxxxxx xxxxx xx xxxxxxxx xxxx xxx xxxxx xxxx xxxxxxx xxx xxxxxxxx xx xxxxx xxxx xxxxxx xxx xxxxxx xxxx xxxx xxxxxxx xx xxxxxx xxxx xxxxx xxxxxxx xxx xxxx xxxxxx xxxxx xx xxxxxxxx xxxx xxx
CHAPTER III - Compensation Fund and Reserve Fund
xxxxx xxxx xxxxxxx xxx xxxxxxxx xx xxxxx xxxx xxxxxx xxx xxxxxx xxxx xxxx xxxxxxx xx xxxxxx xxxx xxxxx xxxxxxx xxx xxxx xxxxxx xxxxx xx xxxxxxxx xxxx xxx xxxxx xxxx xxxxxxx xxx xxxxxxxx xx xxxxx xxxx xxxxxx xxx xxxxxx xxxx xxxx xxxxxxx xx xxxxxx xxxx xxxxx xxxxxxx xxx xxxx xxxxxx xxxxx xx xxxxxxxx xxxx xxx xxxxx xxxx xxxxxxx xxx xxxxxxxx xx xxxxx xxxx xxxxxx xxx xxxxxx xxxx xxxx xxxxxxx xx xxxxxx xxxx xxxxx xxxxxxx xxx xxxx xxxxxx xxxxx xx xxxxxxxx xxxx xxx
15. Compensation Fund
xxxxx xxxx xxxxxxx xxx xxxxxxxx xx xxxxx xxxx xxxxxx xxx xxxxxx xxxx xxxx xxxxxxx xx xxxxxx xxxx xxxxx xxxxxxx xxx xxxx xxxxxx xxxxx xx xxxxxxxx xxxx xxx xxxxx xxxx xxxxxxx xxx xxxxxxxx xx xxxxx xxxx xxxxxx xxx xxxxxx xxxx xxxx xxxxxxx xx xxxxxx xxxx xxxxx xxxxxxx xxx xxxx xxxxxx xxxxx xx xxxxxxxx xxxx xxx xxxxx xxxx xxxxxxx xxx xxxxxxxx xx xxxxx xxxx xxxxxx xxx xxxxxx xxxx xxxx xxxxxxx xx xxxxxx xxxx xxxxx xxxxxxx xxx xxxx xxxxxx xxxxx xx xxxxxxxx xxxx xxx xxxxx xxxx xxxxxxx xxx xxxxxxxx xx xxxxx xxxx xxxxxx xxx xxxxxx xxxx xxxx xxxxxxx xx xxxxxx xxxx xxxxx xxxxxxx xxx xxxx xxxxxx xxxxx xx xxxxxxxx xxxx xxx xxxxx xxxx xxxxxxx xxx xxxxxxxx xx xxxxx xxxx xxxxxx xxx xxxxxx xxxx xxxx xxxxxxx xx xxxxxx xxxx xxxxx xxxxxxx xxx xxxx xxxxxx xxxxx xx xxxxxxxx xxxx xxx xxxxx xxxx xxxxxxx xxx xxxxxxxx xx xxxxx xxxx xxxxxx xxx xxxxxx xxxx xxxx xxxxxxx xx xxxxxx xxxx xxxxx xxxxxxx xxx xxxx xxxxxx xxxxx xx xxxxxxxx xxxx xxx
16. Application of Compensation Fund
xxxxx xxxx xxxxxxx xxx xxxxxxxx xx xxxxx xxxx xxxxxx xxx xxxxxx xxxx xxxx xxxxxxx xx xxxxxx xxxx xxxxx xxxxxxx xxx xxxx xxxxxx xxxxx xx xxxxxxxx xxxx xxx xxxxx xxxx xxxxxxx xxx xxxxxxxx xx xxxxx xxxx xxxxxx xxx xxxxxx xxxx xxxx xxxxxxx xx xxxxxx xxxx xxxxx xxxxxxx xxx xxxx xxxxxx xxxxx xx xxxxxxxx xxxx xxx xxxxx xxxx xxxxxxx xxx xxxxxxxx xx xxxxx xxxx xxxxxx xxx xxxxxx xxxx xxxx xxxxxxx xx xxxxxx xxxx xxxxx xxxxxxx xxx xxxx xxxxxx xxxxx xx xxxxxxxx xxxx xxx xxxxx xxxx xxxxxxx xxx xxxxxxxx xx xxxxx xxxx xxxxxx xxx xxxxxx xxxx xxxx xxxxxxx xx xxxxxx xxxx xxxxx xxxxxxx xxx xxxx xxxxxx xxxxx xx xxxxxxxx xxxx xxx xxxxx xxxx xxxxxxx xxx xxxxxxxx xx xxxxx xxxx xxxxxx xxx xxxxxx xxxx xxxx xxxxxxx xx xxxxxx xxxx xxxxx xxxxxxx xxx xxxx xxxxxx xxxxx xx xxxxxxxx xxxx xxx xxxxx xxxx xxxxxxx xxx xxxxxxxx xx xxxxx xxxx xxxxxx xxx xxxxxx xxxx xxxx xxxxxxx xx xxxxxx xxxx xxxxx xxxxxxx xxx xxxx xxxxxx xxxxx xx xxxxxxxx xxxx xxx xxxxx xxxx xxxxxxx xxx xxxxxxxx xx xxxxx xxxx xxxxxx xxx xxxxxx xxxx xxxx xxxxxxx xx xxxxxx xxxx xxxxx xxxxxxx xxx xxxx xxxxxx xxxxx xx xxxxxxxx xxxx xxx xxxxx xxxx xxxxxxx xxx xxxxxxxx xx xxxxx xxxx xxxxxx xxx xxxxxx xxxx xxxx xxxxxxx xx xxxxxx xxxx xxxxx xxxxxxx xxx xxxx xxxxxx xxxxx xx xxxxxxxx xxxx xxx xxxxx xxxx xxxxxxx xxx xxxxxxxx xx xxxxx xxxx xxxxxx xxx xxxxxx xxxx xxxx xxxxxxx xx xxxxxx xxxx xxxxx xxxxxxx xxx xxxx xxxxxx xxxxx xx xxxxxxxx xxxx xxx xxxxx xxxx xxxxxxx xxx xxxxxxxx xx xxxxx xxxx xxxxxx xxx xxxxxx xxxx xxxx xxxxxxx xx xxxxxx xxxx xxxxx xxxxxxx xxx xxxx xxxxxx xxxxx xx xxxxxxxx xxxx xxx
17. Valuation of Compensation Fund
xxxxx xxxx xxxxxxx xxx xxxxxxxx xx xxxxx xxxx xxxxxx xxx xxxxxx xxxx xxxx xxxxxxx xx xxxxxx xxxx xxxxx xxxxxxx xxx xxxx xxxxxx xxxxx xx xxxxxxxx xxxx xxx xxxxx xxxx xxxxxxx xxx xxxxxxxx xx xxxxx xxxx xxxxxx xxx xxxxxx xxxx xxxx xxxxxxx xx xxxxxx xxxx xxxxx xxxxxxx xxx xxxx xxxxxx xxxxx xx xxxxxxxx xxxx xxx xxxxx xxxx xxxxxxx xxx xxxxxxxx xx xxxxx xxxx xxxxxx xxx xxxxxx xxxx xxxx xxxxxxx xx xxxxxx xxxx xxxxx xxxxxxx xxx xxxx xxxxxx xxxxx xx xxxxxxxx xxxx xxx xxxxx xxxx xxxxxxx xxx xxxxxxxx xx xxxxx xxxx xxxxxx xxx xxxxxx xxxx xxxx xxxxxxx xx xxxxxx xxxx xxxxx xxxxxxx xxx xxxx xxxxxx xxxxx xx xxxxxxxx xxxx xxx xxxxx xxxx xxxxxxx xxx xxxxxxxx xx xxxxx xxxx xxxxxx xxx xxxxxx xxxx xxxx xxxxxxx xx xxxxxx xxxx xxxxx xxxxxxx xxx xxxx xxxxxx xxxxx xx xxxxxxxx xxxx xxx
18. Accounting
xxxxx xxxx xxxxxxx xxx xxxxxxxx xx xxxxx xxxx xxxxxx xxx xxxxxx xxxx xxxx xxxxxxx xx xxxxxx xxxx xxxxx xxxxxxx xxx xxxx xxxxxx xxxxx xx xxxxxxxx xxxx xxx xxxxx xxxx xxxxxxx xxx xxxxxxxx xx xxxxx xxxx xxxxxx xxx xxxxxx xxxx xxxx xxxxxxx xx xxxxxx xxxx xxxxx xxxxxxx xxx xxxx xxxxxx xxxxx xx xxxxxxxx xxxx xxx xxxxx xxxx xxxxxxx xxx xxxxxxxx xx xxxxx xxxx xxxxxx xxx xxxxxx xxxx xxxx xxxxxxx xx xxxxxx xxxx xxxxx xxxxxxx xxx xxxx xxxxxx xxxxx xx xxxxxxxx xxxx xxx xxxxx xxxx xxxxxxx xxx xxxxxxxx xx xxxxx xxxx xxxxxx xxx xxxxxx xxxx xxxx xxxxxxx xx xxxxxx xxxx xxxxx xxxxxxx xxx xxxx xxxxxx xxxxx xx xxxxxxxx xxxx xxx
19. Reserve Fund
xxxxx xxxx xxxxxxx xxx xxxxxxxx xx xxxxx xxxx xxxxxx xxx xxxxxx xxxx xxxx xxxxxxx xx xxxxxx xxxx xxxxx xxxxxxx xxx xxxx xxxxxx xxxxx xx xxxxxxxx xxxx xxx xxxxx xxxx xxxxxxx xxx xxxxxxxx xx xxxxx xxxx xxxxxx xxx xxxxxx xxxx xxxx xxxxxxx xx xxxxxx xxxx xxxxx xxxxxxx xxx xxxx xxxxxx xxxxx xx xxxxxxxx xxxx xxx xxxxx xxxx xxxxxxx xxx xxxxxxxx xx xxxxx xxxx xxxxxx xxx xxxxxx xxxx xxxx xxxxxxx xx xxxxxx xxxx xxxxx xxxxxxx xxx xxxx xxxxxx xxxxx xx xxxxxxxx xxxx xxx xxxxx xxxx xxxxxxx xxx xxxxxxxx xx xxxxx xxxx xxxxxx xxx xxxxxx xxxx xxxx xxxxxxx xx xxxxxx xxxx xxxxx xxxxxxx xxx xxxx xxxxxx xxxxx xx xxxxxxxx xxxx xxx
20. Accounts and Audit
xxxxx xxxx xxxxxxx xxx xxxxxxxx xx xxxxx xxxx xxxxxx xxx xxxxxx xxxx xxxx xxxxxxx xx xxxxxx xxxx xxxxx xxxxxxx xxx xxxx xxxxxx xxxxx xx xxxxxxxx xxxx xxx xxxxx xxxx xxxxxxx xxx xxxxxxxx xx xxxxx xxxx xxxxxx xxx xxxxxx xxxx xxxx xxxxxxx xx xxxxxx xxxx xxxxx xxxxxxx xxx xxxx xxxxxx xxxxx xx xxxxxxxx xxxx xxx xxxxx xxxx xxxxxxx xxx xxxxxxxx xx xxxxx xxxx xxxxxx xxx xxxxxx xxxx xxxx xxxxxxx xx xxxxxx xxxx xxxxx xxxxxxx xxx xxxx xxxxxx xxxxx xx xxxxxxxx xxxx xxx xxxxx xxxx xxxxxxx xxx xxxxxxxx xx xxxxx xxxx xxxxxx xxx xxxxxx xxxx xxxx xxxxxxx xx xxxxxx xxxx xxxxx xxxxxxx xxx xxxx xxxxxx xxxxx xx xxxxxxxx xxxx xxx xxxxx xxxx xxxxxxx xxx xxxxxxxx xx xxxxx xxxx xxxxxx xxx xxxxxx xxxx xxxx xxxxxxx xx xxxxxx xxxx xxxxx xxxxxxx xxx xxxx xxxxxx xxxxx xx xxxxxxxx xxxx xxx xxxxx xxxx xxxxxxx xxx xxxxxxxx xx xxxxx xxxx xxxxxx xxx xxxxxx xxxx xxxx xxxxxxx xx xxxxxx xxxx xxxxx xxxxxxx xxx xxxx xxxxxx xxxxx xx xxxxxxxx xxxx xxx
21. Income of Funds Exempt from Tax
xxxxx xxxx xxxxxxx xxx xxxxxxxx xx xxxxx xxxx xxxxxx xxx xxxxxx xxxx xxxx xxxxxxx xx xxxxxx xxxx xxxxx xxxxxxx xxx xxxx xxxxxx xxxxx xx xxxxxxxx xxxx xxx xxxxx xxxx xxxxxxx xxx xxxxxxxx xx xxxxx xxxx xxxxxx xxx xxxxxx xxxx xxxx xxxxxxx xx xxxxxx xxxx xxxxx xxxxxxx xxx xxxx xxxxxx xxxxx xx xxxxxxxx xxxx xxx xxxxx xxxx xxxxxxx xxx xxxxxxxx xx xxxxx xxxx xxxxxx xxx xxxxxx xxxx xxxx xxxxxxx xx xxxxxx xxxx xxxxx xxxxxxx xxx xxxx xxxxxx xxxxx xx xxxxxxxx xxxx xxx
CHAPTER IV - Compensation for Occupational Injuries
xxxxx xxxx xxxxxxx xxx xxxxxxxx xx xxxxx xxxx xxxxxx xxx xxxxxx xxxx xxxx xxxxxxx xx xxxxxx xxxx xxxxx xxxxxxx xxx xxxx xxxxxx xxxxx xx xxxxxxxx xxxx xxx xxxxx xxxx xxxxxxx xxx xxxxxxxx xx xxxxx xxxx xxxxxx xxx xxxxxx xxxx xxxx xxxxxxx xx xxxxxx xxxx xxxxx xxxxxxx xxx xxxx xxxxxx xxxxx xx xxxxxxxx xxxx xxx xxxxx xxxx xxxxxxx xxx xxxxxxxx xx xxxxx xxxx xxxxxx xxx xxxxxx xxxx xxxx xxxxxxx xx xxxxxx xxxx xxxxx xxxxxxx xxx xxxx xxxxxx xxxxx xx xxxxxxxx xxxx xxx
22. Right of Employee to Compensation
xxxxx xxxx xxxxxxx xxx xxxxxxxx xx xxxxx xxxx xxxxxx xxx xxxxxx xxxx xxxx xxxxxxx xx xxxxxx xxxx xxxxx xxxxxxx xxx xxxx xxxxxx xxxxx xx xxxxxxxx xxxx xxx xxxxx xxxx xxxxxxx xxx xxxxxxxx xx xxxxx xxxx xxxxxx xxx xxxxxx xxxx xxxx xxxxxxx xx xxxxxx xxxx xxxxx xxxxxxx xxx xxxx xxxxxx xxxxx xx xxxxxxxx xxxx xxx xxxxx xxxx xxxxxxx xxx xxxxxxxx xx xxxxx xxxx xxxxxx xxx xxxxxx xxxx xxxx xxxxxxx xx xxxxxx xxxx xxxxx xxxxxxx xxx xxxx xxxxxx xxxxx xx xxxxxxxx xxxx xxx xxxxx xxxx xxxxxxx xxx xxxxxxxx xx xxxxx xxxx xxxxxx xxx xxxxxx xxxx xxxx xxxxxxx xx xxxxxx xxxx xxxxx xxxxxxx xxx xxxx xxxxxx xxxxx xx xxxxxxxx xxxx xxx xxxxx xxxx xxxxxxx xxx xxxxxxxx xx xxxxx xxxx xxxxxx xxx xxxxxx xxxx xxxx xxxxxxx xx xxxxxx xxxx xxxxx xxxxxxx xxx xxxx xxxxxx xxxxx xx xxxxxxxx xxxx xxx xxxxx xxxx xxxxxxx xxx xxxxxxxx xx xxxxx xxxx xxxxxx xxx xxxxxx xxxx xxxx xxxxxxx xx xxxxxx xxxx xxxxx xxxxxxx xxx xxxx xxxxxx xxxxx xx xxxxxxxx xxxx xxx xxxxx xxxx xxxxxxx xxx xxxxxxxx xx xxxxx xxxx xxxxxx xxx xxxxxx xxxx xxxx xxxxxxx xx xxxxxx xxxx xxxxx xxxxxxx xxx xxxx xxxxxx xxxxx xx xxxxxxxx xxxx xxx
23. Accidents Outside Republic
xxxxx xxxx xxxxxxx xxx xxxxxxxx xx xxxxx xxxx xxxxxx xxx xxxxxx xxxx xxxx xxxxxxx xx xxxxxx xxxx xxxxx xxxxxxx xxx xxxx xxxxxx xxxxx xx xxxxxxxx xxxx xxx xxxxx xxxx xxxxxxx xxx xxxxxxxx xx xxxxx xxxx xxxxxx xxx xxxxxx xxxx xxxx xxxxxxx xx xxxxxx xxxx xxxxx xxxxxxx xxx xxxx xxxxxx xxxxx xx xxxxxxxx xxxx xxx xxxxx xxxx xxxxxxx xxx xxxxxxxx xx xxxxx xxxx xxxxxx xxx xxxxxx xxxx xxxx xxxxxxx xx xxxxxx xxxx xxxxx xxxxxxx xxx xxxx xxxxxx xxxxx xx xxxxxxxx xxxx xxx xxxxx xxxx xxxxxxx xxx xxxxxxxx xx xxxxx xxxx xxxxxx xxx xxxxxx xxxx xxxx xxxxxxx xx xxxxxx xxxx xxxxx xxxxxxx xxx xxxx xxxxxx xxxxx xx xxxxxxxx xxxx xxx xxxxx xxxx xxxxxxx xxx xxxxxxxx xx xxxxx xxxx xxxxxx xxx xxxxxx xxxx xxxx xxxxxxx xx xxxxxx xxxx xxxxx xxxxxxx xxx xxxx xxxxxx xxxxx xx xxxxxxxx xxxx xxx xxxxx xxxx xxxxxxx xxx xxxxxxxx xx xxxxx xxxx xxxxxx xxx xxxxxx xxxx xxxx xxxxxxx xx xxxxxx xxxx xxxxx xxxxxxx xxx xxxx xxxxxx xxxxx xx xxxxxxxx xxxx xxx
24. Application of Act to Seamen and Air Personnel
xxxxx xxxx xxxxxxx xxx xxxxxxxx xx xxxxx xxxx xxxxxx xxx xxxxxx xxxx xxxx xxxxxxx xx xxxxxx xxxx xxxxx xxxxxxx xxx xxxx xxxxxx xxxxx xx xxxxxxxx xxxx xxx xxxxx xxxx xxxxxxx xxx xxxxxxxx xx xxxxx xxxx xxxxxx xxx xxxxxx xxxx xxxx xxxxxxx xx xxxxxx xxxx xxxxx xxxxxxx xxx xxxx xxxxxx xxxxx xx xxxxxxxx xxxx xxx xxxxx xxxx xxxxxxx xxx xxxxxxxx xx xxxxx xxxx xxxxxx xxx xxxxxx xxxx xxxx xxxxxxx xx xxxxxx xxxx xxxxx xxxxxxx xxx xxxx xxxxxx xxxxx xx xxxxxxxx xxxx xxx xxxxx xxxx xxxxxxx xxx xxxxxxxx xx xxxxx xxxx xxxxxx xxx xxxxxx xxxx xxxx xxxxxxx xx xxxxxx xxxx xxxxx xxxxxxx xxx xxxx xxxxxx xxxxx xx xxxxxxxx xxxx xxx
25. Accidents during Training for or Performance of Emergency Services
xxxxx xxxx xxxxxxx xxx xxxxxxxx xx xxxxx xxxx xxxxxx xxx xxxxxx xxxx xxxx xxxxxxx xx xxxxxx xxxx xxxxx xxxxxxx xxx xxxx xxxxxx xxxxx xx xxxxxxxx xxxx xxx xxxxx xxxx xxxxxxx xxx xxxxxxxx xx xxxxx xxxx xxxxxx xxx xxxxxx xxxx xxxx xxxxxxx xx xxxxxx xxxx xxxxx xxxxxxx xxx xxxx xxxxxx xxxxx xx xxxxxxxx xxxx xxx xxxxx xxxx xxxxxxx xxx xxxxxxxx xx xxxxx xxxx xxxxxx xxx xxxxxx xxxx xxxx xxxxxxx xx xxxxxx xxxx xxxxx xxxxxxx xxx xxxx xxxxxx xxxxx xx xxxxxxxx xxxx xxx xxxxx xxxx xxxxxxx xxx xxxxxxxx xx xxxxx xxxx xxxxxx xxx xxxxxx xxxx xxxx xxxxxxx xx xxxxxx xxxx xxxxx xxxxxxx xxx xxxx xxxxxx xxxxx xx xxxxxxxx xxxx xxx xxxxx xxxx xxxxxxx xxx xxxxxxxx xx xxxxx xxxx xxxxxx xxx xxxxxx xxxx xxxx xxxxxxx xx xxxxxx xxxx xxxxx xxxxxxx xxx xxxx xxxxxx xxxxx xx xxxxxxxx xxxx xxx
26. Special Circumstances in which Commissioner May Refuse Award
xxxxx xxxx xxxxxxx xxx xxxxxxxx xx xxxxx xxxx xxxxxx xxx xxxxxx xxxx xxxx xxxxxxx xx xxxxxx xxxx xxxxx xxxxxxx xxx xxxx xxxxxx xxxxx xx xxxxxxxx xxxx xxx xxxxx xxxx xxxxxxx xxx xxxxxxxx xx xxxxx xxxx xxxxxx xxx xxxxxx xxxx xxxx xxxxxxx xx xxxxxx xxxx xxxxx xxxxxxx xxx xxxx xxxxxx xxxxx xx xxxxxxxx xxxx xxx xxxxx xxxx xxxxxxx xxx xxxxxxxx xx xxxxx xxxx xxxxxx xxx xxxxxx xxxx xxxx xxxxxxx xx xxxxxx xxxx xxxxx xxxxxxx xxx xxxx xxxxxx xxxxx xx xxxxxxxx xxxx xxx xxxxx xxxx xxxxxxx xxx xxxxxxxx xx xxxxx xxxx xxxxxx xxx xxxxxx xxxx xxxx xxxxxxx xx xxxxxx xxxx xxxxx xxxxxxx xxx xxxx xxxxxx xxxxx xx xxxxxxxx xxxx xxx xxxxx xxxx xxxxxxx xxx xxxxxxxx xx xxxxx xxxx xxxxxx xxx xxxxxx xxxx xxxx xxxxxxx xx xxxxxx xxxx xxxxx xxxxxxx xxx xxxx xxxxxx xxxxx xx xxxxxxxx xxxx xxx
27. Special Circumstances in which Commissioner May Make Award
xxxxx xxxx xxxxxxx xxx xxxxxxxx xx xxxxx xxxx xxxxxx xxx xxxxxx xxxx xxxx xxxxxxx xx xxxxxx xxxx xxxxx xxxxxxx xxx xxxx xxxxxx xxxxx xx xxxxxxxx xxxx xxx xxxxx xxxx xxxxxxx xxx xxxxxxxx xx xxxxx xxxx xxxxxx xxx xxxxxx xxxx xxxx xxxxxxx xx xxxxxx xxxx xxxxx xxxxxxx xxx xxxx xxxxxx xxxxx xx xxxxxxxx xxxx xxx xxxxx xxxx xxxxxxx xxx xxxxxxxx xx xxxxx xxxx xxxxxx xxx xxxxxx xxxx xxxx xxxxxxx xx xxxxxx xxxx xxxxx xxxxxxx xxx xxxx xxxxxx xxxxx xx xxxxxxxx xxxx xxx xxxxx xxxx xxxxxxx xxx xxxxxxxx xx xxxxx xxxx xxxxxx xxx xxxxxx xxxx xxxx xxxxxxx xx xxxxxx xxxx xxxxx xxxxxxx xxx xxxx xxxxxx xxxxx xx xxxxxxxx xxxx xxx
28. Employee Requiring Constant Help
xxxxx xxxx xxxxxxx xxx xxxxxxxx xx xxxxx xxxx xxxxxx xxx xxxxxx xxxx xxxx xxxxxxx xx xxxxxx xxxx xxxxx xxxxxxx xxx xxxx xxxxxx xxxxx xx xxxxxxxx xxxx xxx xxxxx xxxx xxxxxxx xxx xxxxxxxx xx xxxxx xxxx xxxxxx xxx xxxxxx xxxx xxxx xxxxxxx xx xxxxxx xxxx xxxxx xxxxxxx xxx xxxx xxxxxx xxxxx xx xxxxxxxx xxxx xxx xxxxx xxxx xxxxxxx xxx xxxxxxxx xx xxxxx xxxx xxxxxx xxx xxxxxx xxxx xxxx xxxxxxx xx xxxxxx xxxx xxxxx xxxxxxx xxx xxxx xxxxxx xxxxx xx xxxxxxxx xxxx xxx
29. Liability for Payment of Compensation
xxxxx xxxx xxxxxxx xxx xxxxxxxx xx xxxxx xxxx xxxxxx xxx xxxxxx xxxx xxxx xxxxxxx xx xxxxxx xxxx xxxxx xxxxxxx xxx xxxx xxxxxx xxxxx xx xxxxxxxx xxxx xxx xxxxx xxxx xxxxxxx xxx xxxxxxxx xx xxxxx xxxx xxxxxx xxx xxxxxx xxxx xxxx xxxxxxx xx xxxxxx xxxx xxxxx xxxxxxx xxx xxxx xxxxxx xxxxx xx xxxxxxxx xxxx xxx xxxxx xxxx xxxxxxx xxx xxxxxxxx xx xxxxx xxxx xxxxxx xxx xxxxxx xxxx xxxx xxxxxxx xx xxxxxx xxxx xxxxx xxxxxxx xxx xxxx xxxxxx xxxxx xx xxxxxxxx xxxx xxx xxxxx xxxx xxxxxxx xxx xxxxxxxx xx xxxxx xxxx xxxxxx xxx xxxxxx xxxx xxxx xxxxxxx xx xxxxxx xxxx xxxxx xxxxxxx xxx xxxx xxxxxx xxxxx xx xxxxxxxx xxxx xxx xxxxx xxxx xxxxxxx xxx xxxxxxxx xx xxxxx xxxx xxxxxx xxx xxxxxx xxxx xxxx xxxxxxx xx xxxxxx xxxx xxxxx xxxxxxx xxx xxxx xxxxxx xxxxx xx xxxxxxxx xxxx xxx
30. Licence to carry out Business of Compensation Fund
xxxxx xxxx xxxxxxx xxx xxxxxxxx xx xxxxx xxxx xxxxxx xxx xxxxxx xxxx xxxx xxxxxxx xx xxxxxx xxxx xxxxx xxxxxxx xxx xxxx xxxxxx xxxxx xx xxxxxxxx xxxx xxx xxxxx xxxx xxxxxxx xxx xxxxxxxx xx xxxxx xxxx xxxxxx xxx xxxxxx xxxx xxxx xxxxxxx xx xxxxxx xxxx xxxxx xxxxxxx xxx xxxx xxxxxx xxxxx xx xxxxxxxx xxxx xxx xxxxx xxxx xxxxxxx xxx xxxxxxxx xx xxxxx xxxx xxxxxx xxx xxxxxx xxxx xxxx xxxxxxx xx xxxxxx xxxx xxxxx xxxxxxx xxx xxxx xxxxxx xxxxx xx xxxxxxxx xxxx xxx xxxxx xxxx xxxxxxx xxx xxxxxxxx xx xxxxx xxxx xxxxxx xxx xxxxxx xxxx xxxx xxxxxxx xx xxxxxx xxxx xxxxx xxxxxxx xxx xxxx xxxxxx xxxxx xx xxxxxxxx xxxx xxx xxxxx xxxx xxxxxxx xxx xxxxxxxx xx xxxxx xxxx xxxxxx xxx xxxxxx xxxx xxxx xxxxxxx xx xxxxxx xxxx xxxxx xxxxxxx xxx xxxx xxxxxx xxxxx xx xxxxxxxx xxxx xxx xxxxx xxxx xxxxxxx xxx xxxxxxxx xx xxxxx xxxx xxxxxx xxx xxxxxx xxxx xxxx xxxxxxx xx xxxxxx xxxx xxxxx xxxxxxx xxx xxxx xxxxxx xxxxx xx xxxxxxxx xxxx xxx
31. Security for Payment of Compensation and Cost of Medical Aid by Employers Individually Liable
xxxxx xxxx xxxxxxx xxx xxxxxxxx xx xxxxx xxxx xxxxxx xxx xxxxxx xxxx xxxx xxxxxxx xx xxxxxx xxxx xxxxx xxxxxxx xxx xxxx xxxxxx xxxxx xx xxxxxxxx xxxx xxx xxxxx xxxx xxxxxxx xxx xxxxxxxx xx xxxxx xxxx xxxxxx xxx xxxxxx xxxx xxxx xxxxxxx xx xxxxxx xxxx xxxxx xxxxxxx xxx xxxx xxxxxx xxxxx xx xxxxxxxx xxxx xxx xxxxx xxxx xxxxxxx xxx xxxxxxxx xx xxxxx xxxx xxxxxx xxx xxxxxx xxxx xxxx xxxxxxx xx xxxxxx xxxx xxxxx xxxxxxx xxx xxxx xxxxxx xxxxx xx xxxxxxxx xxxx xxx xxxxx xxxx xxxxxxx xxx xxxxxxxx xx xxxxx xxxx xxxxxx xxx xxxxxx xxxx xxxx xxxxxxx xx xxxxxx xxxx xxxxx xxxxxxx xxx xxxx xxxxxx xxxxx xx xxxxxxxx xxxx xxx xxxxx xxxx xxxxxxx xxx xxxxxxxx xx xxxxx xxxx xxxxxx xxx xxxxxx xxxx xxxx xxxxxxx xx xxxxxx xxxx xxxxx xxxxxxx xxx xxxx xxxxxx xxxxx xx xxxxxxxx xxxx xxx xxxxx xxxx xxxxxxx xxx xxxxxxxx xx xxxxx xxxx xxxxxx xxx xxxxxx xxxx xxxx xxxxxxx xx xxxxxx xxxx xxxxx xxxxxxx xxx xxxx xxxxxx xxxxx xx xxxxxxxx xxxx xxx
32. Compensation may Not be Alienated or Reduced
xxxxx xxxx xxxxxxx xxx xxxxxxxx xx xxxxx xxxx xxxxxx xxx xxxxxx xxxx xxxx xxxxxxx xx xxxxxx xxxx xxxxx xxxxxxx xxx xxxx xxxxxx xxxxx xx xxxxxxxx xxxx xxx xxxxx xxxx xxxxxxx xxx xxxxxxxx xx xxxxx xxxx xxxxxx xxx xxxxxx xxxx xxxx xxxxxxx xx xxxxxx xxxx xxxxx xxxxxxx xxx xxxx xxxxxx xxxxx xx xxxxxxxx xxxx xxx xxxxx xxxx xxxxxxx xxx xxxxxxxx xx xxxxx xxxx xxxxxx xxx xxxxxx xxxx xxxx xxxxxxx xx xxxxxx xxxx xxxxx xxxxxxx xxx xxxx xxxxxx xxxxx xx xxxxxxxx xxxx xxx xxxxx xxxx xxxxxxx xxx xxxxxxxx xx xxxxx xxxx xxxxxx xxx xxxxxx xxxx xxxx xxxxxxx xx xxxxxx xxxx xxxxx xxxxxxx xxx xxxx xxxxxx xxxxx xx xxxxxxxx xxxx xxx
33. Cession or Relinquishment of Benefits Void
xxxxx xxxx xxxxxxx xxx xxxxxxxx xx xxxxx xxxx xxxxxx xxx xxxxxx xxxx xxxx xxxxxxx xx xxxxxx xxxx xxxxx xxxxxxx xxx xxxx xxxxxx xxxxx xx xxxxxxxx xxxx xxx xxxxx xxxx xxxxxxx xxx xxxxxxxx xx xxxxx xxxx xxxxxx xxx xxxxxx xxxx xxxx xxxxxxx xx xxxxxx xxxx xxxxx xxxxxxx xxx xxxx xxxxxx xxxxx xx xxxxxxxx xxxx xxx xxxxx xxxx xxxxxxx xxx xxxxxxxx xx xxxxx xxxx xxxxxx xxx xxxxxx xxxx xxxx xxxxxxx xx xxxxxx xxxx xxxxx xxxxxxx xxx xxxx xxxxxx xxxxx xx xxxxxxxx xxxx xxx
34. Compensation Not to form Part of Deceased Employee's Estate
xxxxx xxxx xxxxxxx xxx xxxxxxxx xx xxxxx xxxx xxxxxx xxx xxxxxx xxxx xxxx xxxxxxx xx xxxxxx xxxx xxxxx xxxxxxx xxx xxxx xxxxxx xxxxx xx xxxxxxxx xxxx xxx xxxxx xxxx xxxxxxx xxx xxxxxxxx xx xxxxx xxxx xxxxxx xxx xxxxxx xxxx xxxx xxxxxxx xx xxxxxx xxxx xxxxx xxxxxxx xxx xxxx xxxxxx xxxxx xx xxxxxxxx xxxx xxx xxxxx xxxx xxxxxxx xxx xxxxxxxx xx xxxxx xxxx xxxxxx xxx xxxxxx xxxx xxxx xxxxxxx xx xxxxxx xxxx xxxxx xxxxxxx xxx xxxx xxxxxx xxxxx xx xxxxxxxx xxxx xxx xxxxx xxxx xxxxxxx xxx xxxxxxxx xx xxxxx xxxx xxxxxx xxx xxxxxx xxxx xxxx xxxxxxx xx xxxxxx xxxx xxxxx xxxxxxx xxx xxxx xxxxxx xxxxx xx xxxxxxxx xxxx xxx
35. Substitution of compensation for other legal remedies
xxxxx xxxx xxxxxxx xxx xxxxxxxx xx xxxxx xxxx xxxxxx xxx xxxxxx xxxx xxxx xxxxxxx xx xxxxxx xxxx xxxxx xxxxxxx xxx xxxx xxxxxx xxxxx xx xxxxxxxx xxxx xxx xxxxx xxxx xxxxxxx xxx xxxxxxxx xx xxxxx xxxx xxxxxx xxx xxxxxx xxxx xxxx xxxxxxx xx xxxxxx xxxx xxxxx xxxxxxx xxx xxxx xxxxxx xxxxx xx xxxxxxxx xxxx xxx xxxxx xxxx xxxxxxx xxx xxxxxxxx xx xxxxx xxxx xxxxxx xxx xxxxxx xxxx xxxx xxxxxxx xx xxxxxx xxxx xxxxx xxxxxxx xxx xxxx xxxxxx xxxxx xx xxxxxxxx xxxx xxx xxxxx xxxx xxxxxxx xxx xxxxxxxx xx xxxxx xxxx xxxxxx xxx xxxxxx xxxx xxxx xxxxxxx xx xxxxxx xxxx xxxxx xxxxxxx xxx xxxx xxxxxx xxxxx xx xxxxxxxx xxxx xxx
36. Recovery of Damages and Compensation Paid from Third Parties
xxxxx xxxx xxxxxxx xxx xxxxxxxx xx xxxxx xxxx xxxxxx xxx xxxxxx xxxx xxxx xxxxxxx xx xxxxxx xxxx xxxxx xxxxxxx xxx xxxx xxxxxx xxxxx xx xxxxxxxx xxxx xxx xxxxx xxxx xxxxxxx xxx xxxxxxxx xx xxxxx xxxx xxxxxx xxx xxxxxx xxxx xxxx xxxxxxx xx xxxxxx xxxx xxxxx xxxxxxx xxx xxxx xxxxxx xxxxx xx xxxxxxxx xxxx xxx xxxxx xxxx xxxxxxx xxx xxxxxxxx xx xxxxx xxxx xxxxxx xxx xxxxxx xxxx xxxx xxxxxxx xx xxxxxx xxxx xxxxx xxxxxxx xxx xxxx xxxxxx xxxxx xx xxxxxxxx xxxx xxx xxxxx xxxx xxxxxxx xxx xxxxxxxx xx xxxxx xxxx xxxxxx xxx xxxxxx xxxx xxxx xxxxxxx xx xxxxxx xxxx xxxxx xxxxxxx xxx xxxx xxxxxx xxxxx xx xxxxxxxx xxxx xxx xxxxx xxxx xxxxxxx xxx xxxxxxxx xx xxxxx xxxx xxxxxx xxx xxxxxx xxxx xxxx xxxxxxx xx xxxxxx xxxx xxxxx xxxxxxx xxx xxxx xxxxxx xxxxx xx xxxxxxxx xxxx xxx xxxxx xxxx xxxxxxx xxx xxxxxxxx xx xxxxx xxxx xxxxxx xxx xxxxxx xxxx xxxx xxxxxxx xx xxxxxx xxxx xxxxx xxxxxxx xxx xxxx xxxxxx xxxxx xx xxxxxxxx xxxx xxx
37. Threats and Compulsion
xxxxx xxxx xxxxxxx xxx xxxxxxxx xx xxxxx xxxx xxxxxx xxx xxxxxx xxxx xxxx xxxxxxx xx xxxxxx xxxx xxxxx xxxxxxx xxx xxxx xxxxxx xxxxx xx xxxxxxxx xxxx xxx xxxxx xxxx xxxxxxx xxx xxxxxxxx xx xxxxx xxxx xxxxxx xxx xxxxxx xxxx xxxx xxxxxxx xx xxxxxx xxxx xxxxx xxxxxxx xxx xxxx xxxxxx xxxxx xx xxxxxxxx xxxx xxx xxxxx xxxx xxxxxxx xxx xxxxxxxx xx xxxxx xxxx xxxxxx xxx xxxxxx xxxx xxxx xxxxxxx xx xxxxxx xxxx xxxxx xxxxxxx xxx xxxx xxxxxx xxxxx xx xxxxxxxx xxxx xxx
CHAPTER V - Claims for Compensation
xxxxx xxxx xxxxxxx xxx xxxxxxxx xx xxxxx xxxx xxxxxx xxx xxxxxx xxxx xxxx xxxxxxx xx xxxxxx xxxx xxxxx xxxxxxx xxx xxxx xxxxxx xxxxx xx xxxxxxxx xxxx xxx xxxxx xxxx xxxxxxx xxx xxxxxxxx xx xxxxx xxxx xxxxxx xxx xxxxxx xxxx xxxx xxxxxxx xx xxxxxx xxxx xxxxx xxxxxxx xxx xxxx xxxxxx xxxxx xx xxxxxxxx xxxx xxx xxxxx xxxx xxxxxxx xxx xxxxxxxx xx xxxxx xxxx xxxxxx xxx xxxxxx xxxx xxxx xxxxxxx xx xxxxxx xxxx xxxxx xxxxxxx xxx xxxx xxxxxx xxxxx xx xxxxxxxx xxxx xxx
38. Notice of Accident by Employee to Employer
xxxxx xxxx xxxxxxx xxx xxxxxxxx xx xxxxx xxxx xxxxxx xxx xxxxxx xxxx xxxx xxxxxxx xx xxxxxx xxxx xxxxx xxxxxxx xxx xxxx xxxxxx xxxxx xx xxxxxxxx xxxx xxx xxxxx xxxx xxxxxxx xxx xxxxxxxx xx xxxxx xxxx xxxxxx xxx xxxxxx xxxx xxxx xxxxxxx xx xxxxxx xxxx xxxxx xxxxxxx xxx xxxx xxxxxx xxxxx xx xxxxxxxx xxxx xxx xxxxx xxxx xxxxxxx xxx xxxxxxxx xx xxxxx xxxx xxxxxx xxx xxxxxx xxxx xxxx xxxxxxx xx xxxxxx xxxx xxxxx xxxxxxx xxx xxxx xxxxxx xxxxx xx xxxxxxxx xxxx xxx xxxxx xxxx xxxxxxx xxx xxxxxxxx xx xxxxx xxxx xxxxxx xxx xxxxxx xxxx xxxx xxxxxxx xx xxxxxx xxxx xxxxx xxxxxxx xxx xxxx xxxxxx xxxxx xx xxxxxxxx xxxx xxx xxxxx xxxx xxxxxxx xxx xxxxxxxx xx xxxxx xxxx xxxxxx xxx xxxxxx xxxx xxxx xxxxxxx xx xxxxxx xxxx xxxxx xxxxxxx xxx xxxx xxxxxx xxxxx xx xxxxxxxx xxxx xxx xxxxx xxxx xxxxxxx xxx xxxxxxxx xx xxxxx xxxx xxxxxx xxx xxxxxx xxxx xxxx xxxxxxx xx xxxxxx xxxx xxxxx xxxxxxx xxx xxxx xxxxxx xxxxx xx xxxxxxxx xxxx xxx
39. Notice of Accident by Employer to Commissioner
xxxxx xxxx xxxxxxx xxx xxxxxxxx xx xxxxx xxxx xxxxxx xxx xxxxxx xxxx xxxx xxxxxxx xx xxxxxx xxxx xxxxx xxxxxxx xxx xxxx xxxxxx xxxxx xx xxxxxxxx xxxx xxx xxxxx xxxx xxxxxxx xxx xxxxxxxx xx xxxxx xxxx xxxxxx xxx xxxxxx xxxx xxxx xxxxxxx xx xxxxxx xxxx xxxxx xxxxxxx xxx xxxx xxxxxx xxxxx xx xxxxxxxx xxxx xxx xxxxx xxxx xxxxxxx xxx xxxxxxxx xx xxxxx xxxx xxxxxx xxx xxxxxx xxxx xxxx xxxxxxx xx xxxxxx xxxx xxxxx xxxxxxx xxx xxxx xxxxxx xxxxx xx xxxxxxxx xxxx xxx xxxxx xxxx xxxxxxx xxx xxxxxxxx xx xxxxx xxxx xxxxxx xxx xxxxxx xxxx xxxx xxxxxxx xx xxxxxx xxxx xxxxx xxxxxxx xxx xxxx xxxxxx xxxxx xx xxxxxxxx xxxx xxx xxxxx xxxx xxxxxxx xxx xxxxxxxx xx xxxxx xxxx xxxxxx xxx xxxxxx xxxx xxxx xxxxxxx xx xxxxxx xxxx xxxxx xxxxxxx xxx xxxx xxxxxx xxxxx xx xxxxxxxx xxxx xxx xxxxx xxxx xxxxxxx xxx xxxxxxxx xx xxxxx xxxx xxxxxx xxx xxxxxx xxxx xxxx xxxxxxx xx xxxxxx xxxx xxxxx xxxxxxx xxx xxxx xxxxxx xxxxx xx xxxxxxxx xxxx xxx xxxxx xxxx xxxxxxx xxx xxxxxxxx xx xxxxx xxxx xxxxxx xxx xxxxxx xxxx xxxx xxxxxxx xx xxxxxx xxxx xxxxx xxxxxxx xxx xxxx xxxxxx xxxxx xx xxxxxxxx xxxx xxx
40. Inquiry by Commissioner into Accident
xxxxx xxxx xxxxxxx xxx xxxxxxxx xx xxxxx xxxx xxxxxx xxx xxxxxx xxxx xxxx xxxxxxx xx xxxxxx xxxx xxxxx xxxxxxx xxx xxxx xxxxxx xxxxx xx xxxxxxxx xxxx xxx xxxxx xxxx xxxxxxx xxx xxxxxxxx xx xxxxx xxxx xxxxxx xxx xxxxxx xxxx xxxx xxxxxxx xx xxxxxx xxxx xxxxx xxxxxxx xxx xxxx xxxxxx xxxxx xx xxxxxxxx xxxx xxx xxxxx xxxx xxxxxxx xxx xxxxxxxx xx xxxxx xxxx xxxxxx xxx xxxxxx xxxx xxxx xxxxxxx xx xxxxxx xxxx xxxxx xxxxxxx xxx xxxx xxxxxx xxxxx xx xxxxxxxx xxxx xxx xxxxx xxxx xxxxxxx xxx xxxxxxxx xx xxxxx xxxx xxxxxx xxx xxxxxx xxxx xxxx xxxxxxx xx xxxxxx xxxx xxxxx xxxxxxx xxx xxxx xxxxxx xxxxx xx xxxxxxxx xxxx xxx xxxxx xxxx xxxxxxx xxx xxxxxxxx xx xxxxx xxxx xxxxxx xxx xxxxxx xxxx xxxx xxxxxxx xx xxxxxx xxxx xxxxx xxxxxxx xxx xxxx xxxxxx xxxxx xx xxxxxxxx xxxx xxx
41. Particulars in Support of Claim
xxxxx xxxx xxxxxxx xxx xxxxxxxx xx xxxxx xxxx xxxxxx xxx xxxxxx xxxx xxxx xxxxxxx xx xxxxxx xxxx xxxxx xxxxxxx xxx xxxx xxxxxx xxxxx xx xxxxxxxx xxxx xxx xxxxx xxxx xxxxxxx xxx xxxxxxxx xx xxxxx xxxx xxxxxx xxx xxxxxx xxxx xxxx xxxxxxx xx xxxxxx xxxx xxxxx xxxxxxx xxx xxxx xxxxxx xxxxx xx xxxxxxxx xxxx xxx xxxxx xxxx xxxxxxx xxx xxxxxxxx xx xxxxx xxxx xxxxxx xxx xxxxxx xxxx xxxx xxxxxxx xx xxxxxx xxxx xxxxx xxxxxxx xxx xxxx xxxxxx xxxxx xx xxxxxxxx xxxx xxx xxxxx xxxx xxxxxxx xxx xxxxxxxx xx xxxxx xxxx xxxxxx xxx xxxxxx xxxx xxxx xxxxxxx xx xxxxxx xxxx xxxxx xxxxxxx xxx xxxx xxxxxx xxxxx xx xxxxxxxx xxxx xxx xxxxx xxxx xxxxxxx xxx xxxxxxxx xx xxxxx xxxx xxxxxx xxx xxxxxx xxxx xxxx xxxxxxx xx xxxxxx xxxx xxxxx xxxxxxx xxx xxxx xxxxxx xxxxx xx xxxxxxxx xxxx xxx
42. Employee to Submit to Medical Examination and Rehabilitation
xxxxx xxxx xxxxxxx xxx xxxxxxxx xx xxxxx xxxx xxxxxx xxx xxxxxx xxxx xxxx xxxxxxx xx xxxxxx xxxx xxxxx xxxxxxx xxx xxxx xxxxxx xxxxx xx xxxxxxxx xxxx xxx xxxxx xxxx xxxxxxx xxx xxxxxxxx xx xxxxx xxxx xxxxxx xxx xxxxxx xxxx xxxx xxxxxxx xx xxxxxx xxxx xxxxx xxxxxxx xxx xxxx xxxxxx xxxxx xx xxxxxxxx xxxx xxx xxxxx xxxx xxxxxxx xxx xxxxxxxx xx xxxxx xxxx xxxxxx xxx xxxxxx xxxx xxxx xxxxxxx xx xxxxxx xxxx xxxxx xxxxxxx xxx xxxx xxxxxx xxxxx xx xxxxxxxx xxxx xxx xxxxx xxxx xxxxxxx xxx xxxxxxxx xx xxxxx xxxx xxxxxx xxx xxxxxx xxxx xxxx xxxxxxx xx xxxxxx xxxx xxxxx xxxxxxx xxx xxxx xxxxxx xxxxx xx xxxxxxxx xxxx xxx xxxxx xxxx xxxxxxx xxx xxxxxxxx xx xxxxx xxxx xxxxxx xxx xxxxxx xxxx xxxx xxxxxxx xx xxxxxx xxxx xxxxx xxxxxxx xxx xxxx xxxxxx xxxxx xx xxxxxxxx xxxx xxx xxxxx xxxx xxxxxxx xxx xxxxxxxx xx xxxxx xxxx xxxxxx xxx xxxxxx xxxx xxxx xxxxxxx xx xxxxxx xxxx xxxxx xxxxxxx xxx xxxx xxxxxx xxxxx xx xxxxxxxx xxxx xxx
43. Claim for Compensation
xxxxx xxxx xxxxxxx xxx xxxxxxxx xx xxxxx xxxx xxxxxx xxx xxxxxx xxxx xxxx xxxxxxx xx xxxxxx xxxx xxxxx xxxxxxx xxx xxxx xxxxxx xxxxx xx xxxxxxxx xxxx xxx xxxxx xxxx xxxxxxx xxx xxxxxxxx xx xxxxx xxxx xxxxxx xxx xxxxxx xxxx xxxx xxxxxxx xx xxxxxx xxxx xxxxx xxxxxxx xxx xxxx xxxxxx xxxxx xx xxxxxxxx xxxx xxx xxxxx xxxx xxxxxxx xxx xxxxxxxx xx xxxxx xxxx xxxxxx xxx xxxxxx xxxx xxxx xxxxxxx xx xxxxxx xxxx xxxxx xxxxxxx xxx xxxx xxxxxx xxxxx xx xxxxxxxx xxxx xxx xxxxx xxxx xxxxxxx xxx xxxxxxxx xx xxxxx xxxx xxxxxx xxx xxxxxx xxxx xxxx xxxxxxx xx xxxxxx xxxx xxxxx xxxxxxx xxx xxxx xxxxxx xxxxx xx xxxxxxxx xxxx xxx xxxxx xxxx xxxxxxx xxx xxxxxxxx xx xxxxx xxxx xxxxxx xxx xxxxxx xxxx xxxx xxxxxxx xx xxxxxx xxxx xxxxx xxxxxxx xxx xxxx xxxxxx xxxxx xx xxxxxxxx xxxx xxx xxxxx xxxx xxxxxxx xxx xxxxxxxx xx xxxxx xxxx xxxxxx xxx xxxxxx xxxx xxxx xxxxxxx xx xxxxxx xxxx xxxxx xxxxxxx xxx xxxx xxxxxx xxxxx xx xxxxxxxx xxxx xxx
44. Prescription
xxxxx xxxx xxxxxxx xxx xxxxxxxx xx xxxxx xxxx xxxxxx xxx xxxxxx xxxx xxxx xxxxxxx xx xxxxxx xxxx xxxxx xxxxxxx xxx xxxx xxxxxx xxxxx xx xxxxxxxx xxxx xxx xxxxx xxxx xxxxxxx xxx xxxxxxxx xx xxxxx xxxx xxxxxx xxx xxxxxx xxxx xxxx xxxxxxx xx xxxxxx xxxx xxxxx xxxxxxx xxx xxxx xxxxxx xxxxx xx xxxxxxxx xxxx xxx xxxxx xxxx xxxxxxx xxx xxxxxxxx xx xxxxx xxxx xxxxxx xxx xxxxxx xxxx xxxx xxxxxxx xx xxxxxx xxxx xxxxx xxxxxxx xxx xxxx xxxxxx xxxxx xx xxxxxxxx xxxx xxx xxxxx xxxx xxxxxxx xxx xxxxxxxx xx xxxxx xxxx xxxxxx xxx xxxxxx xxxx xxxx xxxxxxx xx xxxxxx xxxx xxxxx xxxxxxx xxx xxxx xxxxxx xxxxx xx xxxxxxxx xxxx xxx
45. Consideration of Claim
xxxxx xxxx xxxxxxx xxx xxxxxxxx xx xxxxx xxxx xxxxxx xxx xxxxxx xxxx xxxx xxxxxxx xx xxxxxx xxxx xxxxx xxxxxxx xxx xxxx xxxxxx xxxxx xx xxxxxxxx xxxx xxx xxxxx xxxx xxxxxxx xxx xxxxxxxx xx xxxxx xxxx xxxxxx xxx xxxxxx xxxx xxxx xxxxxxx xx xxxxxx xxxx xxxxx xxxxxxx xxx xxxx xxxxxx xxxxx xx xxxxxxxx xxxx xxx xxxxx xxxx xxxxxxx xxx xxxxxxxx xx xxxxx xxxx xxxxxx xxx xxxxxx xxxx xxxx xxxxxxx xx xxxxxx xxxx xxxxx xxxxxxx xxx xxxx xxxxxx xxxxx xx xxxxxxxx xxxx xxx xxxxx xxxx xxxxxxx xxx xxxxxxxx xx xxxxx xxxx xxxxxx xxx xxxxxx xxxx xxxx xxxxxxx xx xxxxxx xxxx xxxxx xxxxxxx xxx xxxx xxxxxx xxxxx xx xxxxxxxx xxxx xxx xxxxx xxxx xxxxxxx xxx xxxxxxxx xx xxxxx xxxx xxxxxx xxx xxxxxx xxxx xxxx xxxxxxx xx xxxxxx xxxx xxxxx xxxxxxx xxx xxxx xxxxxx xxxxx xx xxxxxxxx xxxx xxx
46. Appearance of Parties
xxxxx xxxx xxxxxxx xxx xxxxxxxx xx xxxxx xxxx xxxxxx xxx xxxxxx xxxx xxxx xxxxxxx xx xxxxxx xxxx xxxxx xxxxxxx xxx xxxx xxxxxx xxxxx xx xxxxxxxx xxxx xxx xxxxx xxxx xxxxxxx xxx xxxxxxxx xx xxxxx xxxx xxxxxx xxx xxxxxx xxxx xxxx xxxxxxx xx xxxxxx xxxx xxxxx xxxxxxx xxx xxxx xxxxxx xxxxx xx xxxxxxxx xxxx xxx xxxxx xxxx xxxxxxx xxx xxxxxxxx xx xxxxx xxxx xxxxxx xxx xxxxxx xxxx xxxx xxxxxxx xx xxxxxx xxxx xxxxx xxxxxxx xxx xxxx xxxxxx xxxxx xx xxxxxxxx xxxx xxx xxxxx xxxx xxxxxxx xxx xxxxxxxx xx xxxxx xxxx xxxxxx xxx xxxxxx xxxx xxxx xxxxxxx xx xxxxxx xxxx xxxxx xxxxxxx xxx xxxx xxxxxx xxxxx xx xxxxxxxx xxxx xxx xxxxx xxxx xxxxxxx xxx xxxxxxxx xx xxxxx xxxx xxxxxx xxx xxxxxx xxxx xxxx xxxxxxx xx xxxxxx xxxx xxxxx xxxxxxx xxx xxxx xxxxxx xxxxx xx xxxxxxxx xxxx xxx xxxxx xxxx xxxxxxx xxx xxxxxxxx xx xxxxx xxxx xxxxxx xxx xxxxxx xxxx xxxx xxxxxxx xx xxxxxx xxxx xxxxx xxxxxxx xxx xxxx xxxxxx xxxxx xx xxxxxxxx xxxx xxx xxxxx xxxx xxxxxxx xxx xxxxxxxx xx xxxxx xxxx xxxxxx xxx xxxxxx xxxx xxxx xxxxxxx xx xxxxxx xxxx xxxxx xxxxxxx xxx xxxx xxxxxx xxxxx xx xxxxxxxx xxxx xxx
CHAPTER VI - Determination and Calculation of Compensation and Assessment of Disablement
xxxxx xxxx xxxxxxx xxx xxxxxxxx xx xxxxx xxxx xxxxxx xxx xxxxxx xxxx xxxx xxxxxxx xx xxxxxx xxxx xxxxx xxxxxxx xxx xxxx xxxxxx xxxxx xx xxxxxxxx xxxx xxx xxxxx xxxx xxxxxxx xxx xxxxxxxx xx xxxxx xxxx xxxxxx xxx xxxxxx xxxx xxxx xxxxxxx xx xxxxxx xxxx xxxxx xxxxxxx xxx xxxx xxxxxx xxxxx xx xxxxxxxx xxxx xxx xxxxx xxxx xxxxxxx xxx xxxxxxxx xx xxxxx xxxx xxxxxx xxx xxxxxx xxxx xxxx xxxxxxx xx xxxxxx xxxx xxxxx xxxxxxx xxx xxxx xxxxxx xxxxx xx xxxxxxxx xxxx xxx
47. Compensation for Temporary Total or Partial Disablement
xxxxx xxxx xxxxxxx xxx xxxxxxxx xx xxxxx xxxx xxxxxx xxx xxxxxx xxxx xxxx xxxxxxx xx xxxxxx xxxx xxxxx xxxxxxx xxx xxxx xxxxxx xxxxx xx xxxxxxxx xxxx xxx xxxxx xxxx xxxxxxx xxx xxxxxxxx xx xxxxx xxxx xxxxxx xxx xxxxxx xxxx xxxx xxxxxxx xx xxxxxx xxxx xxxxx xxxxxxx xxx xxxx xxxxxx xxxxx xx xxxxxxxx xxxx xxx xxxxx xxxx xxxxxxx xxx xxxxxxxx xx xxxxx xxxx xxxxxx xxx xxxxxx xxxx xxxx xxxxxxx xx xxxxxx xxxx xxxxx xxxxxxx xxx xxxx xxxxxx xxxxx xx xxxxxxxx xxxx xxx xxxxx xxxx xxxxxxx xxx xxxxxxxx xx xxxxx xxxx xxxxxx xxx xxxxxx xxxx xxxx xxxxxxx xx xxxxxx xxxx xxxxx xxxxxxx xxx xxxx xxxxxx xxxxx xx xxxxxxxx xxxx xxx xxxxx xxxx xxxxxxx xxx xxxxxxxx xx xxxxx xxxx xxxxxx xxx xxxxxx xxxx xxxx xxxxxxx xx xxxxxx xxxx xxxxx xxxxxxx xxx xxxx xxxxxx xxxxx xx xxxxxxxx xxxx xxx xxxxx xxxx xxxxxxx xxx xxxxxxxx xx xxxxx xxxx xxxxxx xxx xxxxxx xxxx xxxx xxxxxxx xx xxxxxx xxxx xxxxx xxxxxxx xxx xxxx xxxxxx xxxxx xx xxxxxxxx xxxx xxx xxxxx xxxx xxxxxxx xxx xxxxxxxx xx xxxxx xxxx xxxxxx xxx xxxxxx xxxx xxxx xxxxxxx xx xxxxxx xxxx xxxxx xxxxxxx xxx xxxx xxxxxx xxxxx xx xxxxxxxx xxxx xxx xxxxx xxxx xxxxxxx xxx xxxxxxxx xx xxxxx xxxx xxxxxx xxx xxxxxx xxxx xxxx xxxxxxx xx xxxxxx xxxx xxxxx xxxxxxx xxx xxxx xxxxxx xxxxx xx xxxxxxxx xxxx xxx xxxxx xxxx xxxxxxx xxx xxxxxxxx xx xxxxx xxxx xxxxxx xxx xxxxxx xxxx xxxx xxxxxxx xx xxxxxx xxxx xxxxx xxxxxxx xxx xxxx xxxxxx xxxxx xx xxxxxxxx xxxx xxx xxxxx xxxx xxxxxxx xxx xxxxxxxx xx xxxxx xxxx xxxxxx xxx xxxxxx xxxx xxxx xxxxxxx xx xxxxxx xxxx xxxxx xxxxxxx xxx xxxx xxxxxx xxxxx xx xxxxxxxx xxxx xxx
48. Expiry of Compensation for Temporary Total or Partial Disablement
xxxxx xxxx xxxxxxx xxx xxxxxxxx xx xxxxx xxxx xxxxxx xxx xxxxxx xxxx xxxx xxxxxxx xx xxxxxx xxxx xxxxx xxxxxxx xxx xxxx xxxxxx xxxxx xx xxxxxxxx xxxx xxx xxxxx xxxx xxxxxxx xxx xxxxxxxx xx xxxxx xxxx xxxxxx xxx xxxxxx xxxx xxxx xxxxxxx xx xxxxxx xxxx xxxxx xxxxxxx xxx xxxx xxxxxx xxxxx xx xxxxxxxx xxxx xxx xxxxx xxxx xxxxxxx xxx xxxxxxxx xx xxxxx xxxx xxxxxx xxx xxxxxx xxxx xxxx xxxxxxx xx xxxxxx xxxx xxxxx xxxxxxx xxx xxxx xxxxxx xxxxx xx xxxxxxxx xxxx xxx xxxxx xxxx xxxxxxx xxx xxxxxxxx xx xxxxx xxxx xxxxxx xxx xxxxxx xxxx xxxx xxxxxxx xx xxxxxx xxxx xxxxx xxxxxxx xxx xxxx xxxxxx xxxxx xx xxxxxxxx xxxx xxx xxxxx xxxx xxxxxxx xxx xxxxxxxx xx xxxxx xxxx xxxxxx xxx xxxxxx xxxx xxxx xxxxxxx xx xxxxxx xxxx xxxxx xxxxxxx xxx xxxx xxxxxx xxxxx xx xxxxxxxx xxxx xxx xxxxx xxxx xxxxxxx xxx xxxxxxxx xx xxxxx xxxx xxxxxx xxx xxxxxx xxxx xxxx xxxxxxx xx xxxxxx xxxx xxxxx xxxxxxx xxx xxxx xxxxxx xxxxx xx xxxxxxxx xxxx xxx xxxxx xxxx xxxxxxx xxx xxxxxxxx xx xxxxx xxxx xxxxxx xxx xxxxxx xxxx xxxx xxxxxxx xx xxxxxx xxxx xxxxx xxxxxxx xxx xxxx xxxxxx xxxxx xx xxxxxxxx xxxx xxx xxxxx xxxx xxxxxxx xxx xxxxxxxx xx xxxxx xxxx xxxxxx xxx xxxxxx xxxx xxxx xxxxxxx xx xxxxxx xxxx xxxxx xxxxxxx xxx xxxx xxxxxx xxxxx xx xxxxxxxx xxxx xxx xxxxx xxxx xxxxxxx xxx xxxxxxxx xx xxxxx xxxx xxxxxx xxx xxxxxx xxxx xxxx xxxxxxx xx xxxxxx xxxx xxxxx xxxxxxx xxx xxxx xxxxxx xxxxx xx xxxxxxxx xxxx xxx
49. Compensation for Permanent Disablement
xxxxx xxxx xxxxxxx xxx xxxxxxxx xx xxxxx xxxx xxxxxx xxx xxxxxx xxxx xxxx xxxxxxx xx xxxxxx xxxx xxxxx xxxxxxx xxx xxxx xxxxxx xxxxx xx xxxxxxxx xxxx xxx xxxxx xxxx xxxxxxx xxx xxxxxxxx xx xxxxx xxxx xxxxxx xxx xxxxxx xxxx xxxx xxxxxxx xx xxxxxx xxxx xxxxx xxxxxxx xxx xxxx xxxxxx xxxxx xx xxxxxxxx xxxx xxx xxxxx xxxx xxxxxxx xxx xxxxxxxx xx xxxxx xxxx xxxxxx xxx xxxxxx xxxx xxxx xxxxxxx xx xxxxxx xxxx xxxxx xxxxxxx xxx xxxx xxxxxx xxxxx xx xxxxxxxx xxxx xxx xxxxx xxxx xxxxxxx xxx xxxxxxxx xx xxxxx xxxx xxxxxx xxx xxxxxx xxxx xxxx xxxxxxx xx xxxxxx xxxx xxxxx xxxxxxx xxx xxxx xxxxxx xxxxx xx xxxxxxxx xxxx xxx xxxxx xxxx xxxxxxx xxx xxxxxxxx xx xxxxx xxxx xxxxxx xxx xxxxxx xxxx xxxx xxxxxxx xx xxxxxx xxxx xxxxx xxxxxxx xxx xxxx xxxxxx xxxxx xx xxxxxxxx xxxx xxx xxxxx xxxx xxxxxxx xxx xxxxxxxx xx xxxxx xxxx xxxxxx xxx xxxxxx xxxx xxxx xxxxxxx xx xxxxxx xxxx xxxxx xxxxxxx xxx xxxx xxxxxx xxxxx xx xxxxxxxx xxxx xxx xxxxx xxxx xxxxxxx xxx xxxxxxxx xx xxxxx xxxx xxxxxx xxx xxxxxx xxxx xxxx xxxxxxx xx xxxxxx xxxx xxxxx xxxxxxx xxx xxxx xxxxxx xxxxx xx xxxxxxxx xxxx xxx xxxxx xxxx xxxxxxx xxx xxxxxxxx xx xxxxx xxxx xxxxxx xxx xxxxxx xxxx xxxx xxxxxxx xx xxxxxx xxxx xxxxx xxxxxxx xxx xxxx xxxxxx xxxxx xx xxxxxxxx xxxx xxx
49A. Commencement of Monthly Pension
xxxxx xxxx xxxxxxx xxx xxxxxxxx xx xxxxx xxxx xxxxxx xxx xxxxxx xxxx xxxx xxxxxxx xx xxxxxx xxxx xxxxx xxxxxxx xxx xxxx xxxxxx xxxxx xx xxxxxxxx xxxx xxx xxxxx xxxx xxxxxxx xxx xxxxxxxx xx xxxxx xxxx xxxxxx xxx xxxxxx xxxx xxxx xxxxxxx xx xxxxxx xxxx xxxxx xxxxxxx xxx xxxx xxxxxx xxxxx xx xxxxxxxx xxxx xxx xxxxx xxxx xxxxxxx xxx xxxxxxxx xx xxxxx xxxx xxxxxx xxx xxxxxx xxxx xxxx xxxxxxx xx xxxxxx xxxx xxxxx xxxxxxx xxx xxxx xxxxxx xxxxx xx xxxxxxxx xxxx xxx xxxxx xxxx xxxxxxx xxx xxxxxxxx xx xxxxx xxxx xxxxxx xxx xxxxxx xxxx xxxx xxxxxxx xx xxxxxx xxxx xxxxx xxxxxxx xxx xxxx xxxxxx xxxxx xx xxxxxxxx xxxx xxx
